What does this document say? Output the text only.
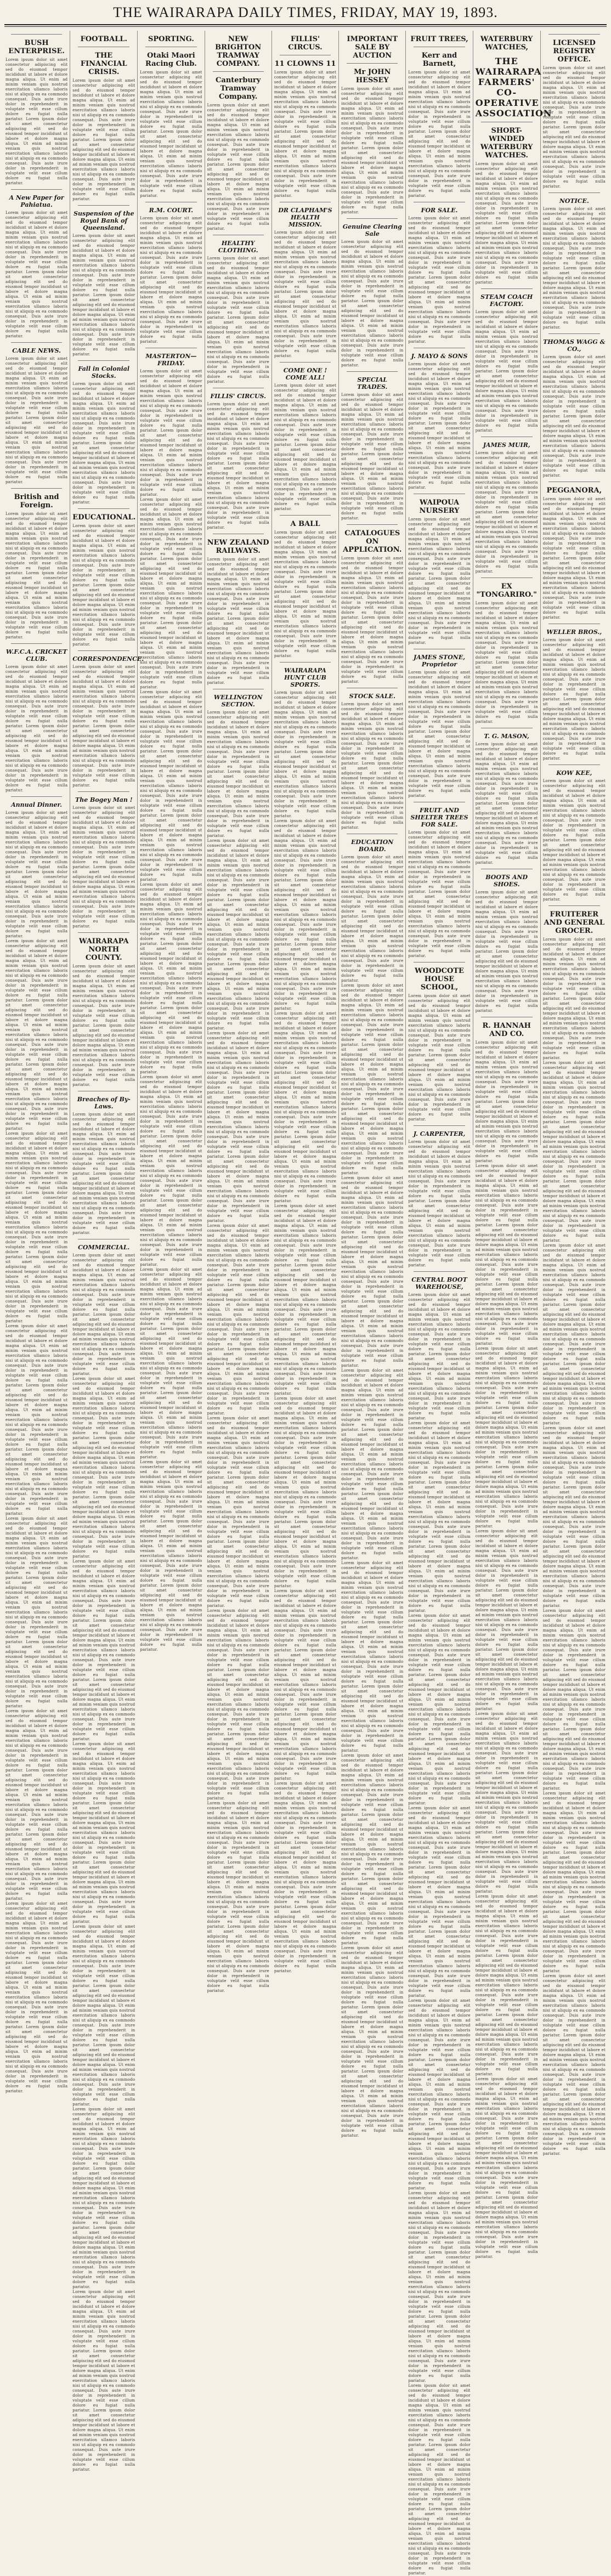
THE WAIRARAPA DAILY TIMES, FRIDAY, MAY 19, 1893.
BUSH ENTERPRISE.
Lorem ipsum dolor sit amet consectetur adipiscing elit sed do eiusmod tempor incididunt ut labore et dolore magna aliqua. Ut enim ad minim veniam quis nostrud exercitation ullamco laboris nisi ut aliquip ex ea commodo consequat. Duis aute irure dolor in reprehenderit in voluptate velit esse cillum dolore eu fugiat nulla pariatur. Lorem ipsum dolor sit amet consectetur adipiscing elit sed do eiusmod tempor incididunt ut labore et dolore magna aliqua. Ut enim ad minim veniam quis nostrud exercitation ullamco laboris nisi ut aliquip ex ea commodo consequat. Duis aute irure dolor in reprehenderit in voluptate velit esse cillum dolore eu fugiat nulla pariatur.
A New Paper for Pahiatua.
Lorem ipsum dolor sit amet consectetur adipiscing elit sed do eiusmod tempor incididunt ut labore et dolore magna aliqua. Ut enim ad minim veniam quis nostrud exercitation ullamco laboris nisi ut aliquip ex ea commodo consequat. Duis aute irure dolor in reprehenderit in voluptate velit esse cillum dolore eu fugiat nulla pariatur. Lorem ipsum dolor sit amet consectetur adipiscing elit sed do eiusmod tempor incididunt ut labore et dolore magna aliqua. Ut enim ad minim veniam quis nostrud exercitation ullamco laboris nisi ut aliquip ex ea commodo consequat. Duis aute irure dolor in reprehenderit in voluptate velit esse cillum dolore eu fugiat nulla pariatur.
CABLE NEWS.
Lorem ipsum dolor sit amet consectetur adipiscing elit sed do eiusmod tempor incididunt ut labore et dolore magna aliqua. Ut enim ad minim veniam quis nostrud exercitation ullamco laboris nisi ut aliquip ex ea commodo consequat. Duis aute irure dolor in reprehenderit in voluptate velit esse cillum dolore eu fugiat nulla pariatur. Lorem ipsum dolor sit amet consectetur adipiscing elit sed do eiusmod tempor incididunt ut labore et dolore magna aliqua. Ut enim ad minim veniam quis nostrud exercitation ullamco laboris nisi ut aliquip ex ea commodo consequat. Duis aute irure dolor in reprehenderit in voluptate velit esse cillum dolore eu fugiat nulla pariatur.
British and Foreign.
Lorem ipsum dolor sit amet consectetur adipiscing elit sed do eiusmod tempor incididunt ut labore et dolore magna aliqua. Ut enim ad minim veniam quis nostrud exercitation ullamco laboris nisi ut aliquip ex ea commodo consequat. Duis aute irure dolor in reprehenderit in voluptate velit esse cillum dolore eu fugiat nulla pariatur. Lorem ipsum dolor sit amet consectetur adipiscing elit sed do eiusmod tempor incididunt ut labore et dolore magna aliqua. Ut enim ad minim veniam quis nostrud exercitation ullamco laboris nisi ut aliquip ex ea commodo consequat. Duis aute irure dolor in reprehenderit in voluptate velit esse cillum dolore eu fugiat nulla pariatur.
W.F.C.A. CRICKET CLUB.
Lorem ipsum dolor sit amet consectetur adipiscing elit sed do eiusmod tempor incididunt ut labore et dolore magna aliqua. Ut enim ad minim veniam quis nostrud exercitation ullamco laboris nisi ut aliquip ex ea commodo consequat. Duis aute irure dolor in reprehenderit in voluptate velit esse cillum dolore eu fugiat nulla pariatur. Lorem ipsum dolor sit amet consectetur adipiscing elit sed do eiusmod tempor incididunt ut labore et dolore magna aliqua. Ut enim ad minim veniam quis nostrud exercitation ullamco laboris nisi ut aliquip ex ea commodo consequat. Duis aute irure dolor in reprehenderit in voluptate velit esse cillum dolore eu fugiat nulla pariatur.
Annual Dinner.
Lorem ipsum dolor sit amet consectetur adipiscing elit sed do eiusmod tempor incididunt ut labore et dolore magna aliqua. Ut enim ad minim veniam quis nostrud exercitation ullamco laboris nisi ut aliquip ex ea commodo consequat. Duis aute irure dolor in reprehenderit in voluptate velit esse cillum dolore eu fugiat nulla pariatur. Lorem ipsum dolor sit amet consectetur adipiscing elit sed do eiusmod tempor incididunt ut labore et dolore magna aliqua. Ut enim ad minim veniam quis nostrud exercitation ullamco laboris nisi ut aliquip ex ea commodo consequat. Duis aute irure dolor in reprehenderit in voluptate velit esse cillum dolore eu fugiat nulla pariatur.
Lorem ipsum dolor sit amet consectetur adipiscing elit sed do eiusmod tempor incididunt ut labore et dolore magna aliqua. Ut enim ad minim veniam quis nostrud exercitation ullamco laboris nisi ut aliquip ex ea commodo consequat. Duis aute irure dolor in reprehenderit in voluptate velit esse cillum dolore eu fugiat nulla pariatur. Lorem ipsum dolor sit amet consectetur adipiscing elit sed do eiusmod tempor incididunt ut labore et dolore magna aliqua. Ut enim ad minim veniam quis nostrud exercitation ullamco laboris nisi ut aliquip ex ea commodo consequat. Duis aute irure dolor in reprehenderit in voluptate velit esse cillum dolore eu fugiat nulla pariatur. Lorem ipsum dolor sit amet consectetur adipiscing elit sed do eiusmod tempor incididunt ut labore et dolore magna aliqua. Ut enim ad minim veniam quis nostrud exercitation ullamco laboris nisi ut aliquip ex ea commodo consequat. Duis aute irure dolor in reprehenderit in voluptate velit esse cillum dolore eu fugiat nulla pariatur.
Lorem ipsum dolor sit amet consectetur adipiscing elit sed do eiusmod tempor incididunt ut labore et dolore magna aliqua. Ut enim ad minim veniam quis nostrud exercitation ullamco laboris nisi ut aliquip ex ea commodo consequat. Duis aute irure dolor in reprehenderit in voluptate velit esse cillum dolore eu fugiat nulla pariatur. Lorem ipsum dolor sit amet consectetur adipiscing elit sed do eiusmod tempor incididunt ut labore et dolore magna aliqua. Ut enim ad minim veniam quis nostrud exercitation ullamco laboris nisi ut aliquip ex ea commodo consequat. Duis aute irure dolor in reprehenderit in voluptate velit esse cillum dolore eu fugiat nulla pariatur. Lorem ipsum dolor sit amet consectetur adipiscing elit sed do eiusmod tempor incididunt ut labore et dolore magna aliqua. Ut enim ad minim veniam quis nostrud exercitation ullamco laboris nisi ut aliquip ex ea commodo consequat. Duis aute irure dolor in reprehenderit in voluptate velit esse cillum dolore eu fugiat nulla pariatur.
Lorem ipsum dolor sit amet consectetur adipiscing elit sed do eiusmod tempor incididunt ut labore et dolore magna aliqua. Ut enim ad minim veniam quis nostrud exercitation ullamco laboris nisi ut aliquip ex ea commodo consequat. Duis aute irure dolor in reprehenderit in voluptate velit esse cillum dolore eu fugiat nulla pariatur. Lorem ipsum dolor sit amet consectetur adipiscing elit sed do eiusmod tempor incididunt ut labore et dolore magna aliqua. Ut enim ad minim veniam quis nostrud exercitation ullamco laboris nisi ut aliquip ex ea commodo consequat. Duis aute irure dolor in reprehenderit in voluptate velit esse cillum dolore eu fugiat nulla pariatur. Lorem ipsum dolor sit amet consectetur adipiscing elit sed do eiusmod tempor incididunt ut labore et dolore magna aliqua. Ut enim ad minim veniam quis nostrud exercitation ullamco laboris nisi ut aliquip ex ea commodo consequat. Duis aute irure dolor in reprehenderit in voluptate velit esse cillum dolore eu fugiat nulla pariatur.
Lorem ipsum dolor sit amet consectetur adipiscing elit sed do eiusmod tempor incididunt ut labore et dolore magna aliqua. Ut enim ad minim veniam quis nostrud exercitation ullamco laboris nisi ut aliquip ex ea commodo consequat. Duis aute irure dolor in reprehenderit in voluptate velit esse cillum dolore eu fugiat nulla pariatur. Lorem ipsum dolor sit amet consectetur adipiscing elit sed do eiusmod tempor incididunt ut labore et dolore magna aliqua. Ut enim ad minim veniam quis nostrud exercitation ullamco laboris nisi ut aliquip ex ea commodo consequat. Duis aute irure dolor in reprehenderit in voluptate velit esse cillum dolore eu fugiat nulla pariatur. Lorem ipsum dolor sit amet consectetur adipiscing elit sed do eiusmod tempor incididunt ut labore et dolore magna aliqua. Ut enim ad minim veniam quis nostrud exercitation ullamco laboris nisi ut aliquip ex ea commodo consequat. Duis aute irure dolor in reprehenderit in voluptate velit esse cillum dolore eu fugiat nulla pariatur.
Lorem ipsum dolor sit amet consectetur adipiscing elit sed do eiusmod tempor incididunt ut labore et dolore magna aliqua. Ut enim ad minim veniam quis nostrud exercitation ullamco laboris nisi ut aliquip ex ea commodo consequat. Duis aute irure dolor in reprehenderit in voluptate velit esse cillum dolore eu fugiat nulla pariatur. Lorem ipsum dolor sit amet consectetur adipiscing elit sed do eiusmod tempor incididunt ut labore et dolore magna aliqua. Ut enim ad minim veniam quis nostrud exercitation ullamco laboris nisi ut aliquip ex ea commodo consequat. Duis aute irure dolor in reprehenderit in voluptate velit esse cillum dolore eu fugiat nulla pariatur. Lorem ipsum dolor sit amet consectetur adipiscing elit sed do eiusmod tempor incididunt ut labore et dolore magna aliqua. Ut enim ad minim veniam quis nostrud exercitation ullamco laboris nisi ut aliquip ex ea commodo consequat. Duis aute irure dolor in reprehenderit in voluptate velit esse cillum dolore eu fugiat nulla pariatur.
Lorem ipsum dolor sit amet consectetur adipiscing elit sed do eiusmod tempor incididunt ut labore et dolore magna aliqua. Ut enim ad minim veniam quis nostrud exercitation ullamco laboris nisi ut aliquip ex ea commodo consequat. Duis aute irure dolor in reprehenderit in voluptate velit esse cillum dolore eu fugiat nulla pariatur. Lorem ipsum dolor sit amet consectetur adipiscing elit sed do eiusmod tempor incididunt ut labore et dolore magna aliqua. Ut enim ad minim veniam quis nostrud exercitation ullamco laboris nisi ut aliquip ex ea commodo consequat. Duis aute irure dolor in reprehenderit in voluptate velit esse cillum dolore eu fugiat nulla pariatur. Lorem ipsum dolor sit amet consectetur adipiscing elit sed do eiusmod tempor incididunt ut labore et dolore magna aliqua. Ut enim ad minim veniam quis nostrud exercitation ullamco laboris nisi ut aliquip ex ea commodo consequat. Duis aute irure dolor in reprehenderit in voluptate velit esse cillum dolore eu fugiat nulla pariatur.
FOOTBALL.
THE FINANCIAL CRISIS.
Lorem ipsum dolor sit amet consectetur adipiscing elit sed do eiusmod tempor incididunt ut labore et dolore magna aliqua. Ut enim ad minim veniam quis nostrud exercitation ullamco laboris nisi ut aliquip ex ea commodo consequat. Duis aute irure dolor in reprehenderit in voluptate velit esse cillum dolore eu fugiat nulla pariatur. Lorem ipsum dolor sit amet consectetur adipiscing elit sed do eiusmod tempor incididunt ut labore et dolore magna aliqua. Ut enim ad minim veniam quis nostrud exercitation ullamco laboris nisi ut aliquip ex ea commodo consequat. Duis aute irure dolor in reprehenderit in voluptate velit esse cillum dolore eu fugiat nulla pariatur.
Suspension of the Royal Bank of Queensland.
Lorem ipsum dolor sit amet consectetur adipiscing elit sed do eiusmod tempor incididunt ut labore et dolore magna aliqua. Ut enim ad minim veniam quis nostrud exercitation ullamco laboris nisi ut aliquip ex ea commodo consequat. Duis aute irure dolor in reprehenderit in voluptate velit esse cillum dolore eu fugiat nulla pariatur. Lorem ipsum dolor sit amet consectetur adipiscing elit sed do eiusmod tempor incididunt ut labore et dolore magna aliqua. Ut enim ad minim veniam quis nostrud exercitation ullamco laboris nisi ut aliquip ex ea commodo consequat. Duis aute irure dolor in reprehenderit in voluptate velit esse cillum dolore eu fugiat nulla pariatur.
Fall in Colonial Stocks.
Lorem ipsum dolor sit amet consectetur adipiscing elit sed do eiusmod tempor incididunt ut labore et dolore magna aliqua. Ut enim ad minim veniam quis nostrud exercitation ullamco laboris nisi ut aliquip ex ea commodo consequat. Duis aute irure dolor in reprehenderit in voluptate velit esse cillum dolore eu fugiat nulla pariatur. Lorem ipsum dolor sit amet consectetur adipiscing elit sed do eiusmod tempor incididunt ut labore et dolore magna aliqua. Ut enim ad minim veniam quis nostrud exercitation ullamco laboris nisi ut aliquip ex ea commodo consequat. Duis aute irure dolor in reprehenderit in voluptate velit esse cillum dolore eu fugiat nulla pariatur.
EDUCATIONAL.
Lorem ipsum dolor sit amet consectetur adipiscing elit sed do eiusmod tempor incididunt ut labore et dolore magna aliqua. Ut enim ad minim veniam quis nostrud exercitation ullamco laboris nisi ut aliquip ex ea commodo consequat. Duis aute irure dolor in reprehenderit in voluptate velit esse cillum dolore eu fugiat nulla pariatur. Lorem ipsum dolor sit amet consectetur adipiscing elit sed do eiusmod tempor incididunt ut labore et dolore magna aliqua. Ut enim ad minim veniam quis nostrud exercitation ullamco laboris nisi ut aliquip ex ea commodo consequat. Duis aute irure dolor in reprehenderit in voluptate velit esse cillum dolore eu fugiat nulla pariatur.
CORRESPONDENCE.
Lorem ipsum dolor sit amet consectetur adipiscing elit sed do eiusmod tempor incididunt ut labore et dolore magna aliqua. Ut enim ad minim veniam quis nostrud exercitation ullamco laboris nisi ut aliquip ex ea commodo consequat. Duis aute irure dolor in reprehenderit in voluptate velit esse cillum dolore eu fugiat nulla pariatur. Lorem ipsum dolor sit amet consectetur adipiscing elit sed do eiusmod tempor incididunt ut labore et dolore magna aliqua. Ut enim ad minim veniam quis nostrud exercitation ullamco laboris nisi ut aliquip ex ea commodo consequat. Duis aute irure dolor in reprehenderit in voluptate velit esse cillum dolore eu fugiat nulla pariatur.
The Bogey Man !
Lorem ipsum dolor sit amet consectetur adipiscing elit sed do eiusmod tempor incididunt ut labore et dolore magna aliqua. Ut enim ad minim veniam quis nostrud exercitation ullamco laboris nisi ut aliquip ex ea commodo consequat. Duis aute irure dolor in reprehenderit in voluptate velit esse cillum dolore eu fugiat nulla pariatur. Lorem ipsum dolor sit amet consectetur adipiscing elit sed do eiusmod tempor incididunt ut labore et dolore magna aliqua. Ut enim ad minim veniam quis nostrud exercitation ullamco laboris nisi ut aliquip ex ea commodo consequat. Duis aute irure dolor in reprehenderit in voluptate velit esse cillum dolore eu fugiat nulla pariatur.
WAIRARAPA NORTH COUNTY.
Lorem ipsum dolor sit amet consectetur adipiscing elit sed do eiusmod tempor incididunt ut labore et dolore magna aliqua. Ut enim ad minim veniam quis nostrud exercitation ullamco laboris nisi ut aliquip ex ea commodo consequat. Duis aute irure dolor in reprehenderit in voluptate velit esse cillum dolore eu fugiat nulla pariatur. Lorem ipsum dolor sit amet consectetur adipiscing elit sed do eiusmod tempor incididunt ut labore et dolore magna aliqua. Ut enim ad minim veniam quis nostrud exercitation ullamco laboris nisi ut aliquip ex ea commodo consequat. Duis aute irure dolor in reprehenderit in voluptate velit esse cillum dolore eu fugiat nulla pariatur.
Breaches of By-Laws.
Lorem ipsum dolor sit amet consectetur adipiscing elit sed do eiusmod tempor incididunt ut labore et dolore magna aliqua. Ut enim ad minim veniam quis nostrud exercitation ullamco laboris nisi ut aliquip ex ea commodo consequat. Duis aute irure dolor in reprehenderit in voluptate velit esse cillum dolore eu fugiat nulla pariatur. Lorem ipsum dolor sit amet consectetur adipiscing elit sed do eiusmod tempor incididunt ut labore et dolore magna aliqua. Ut enim ad minim veniam quis nostrud exercitation ullamco laboris nisi ut aliquip ex ea commodo consequat. Duis aute irure dolor in reprehenderit in voluptate velit esse cillum dolore eu fugiat nulla pariatur.
COMMERCIAL.
Lorem ipsum dolor sit amet consectetur adipiscing elit sed do eiusmod tempor incididunt ut labore et dolore magna aliqua. Ut enim ad minim veniam quis nostrud exercitation ullamco laboris nisi ut aliquip ex ea commodo consequat. Duis aute irure dolor in reprehenderit in voluptate velit esse cillum dolore eu fugiat nulla pariatur. Lorem ipsum dolor sit amet consectetur adipiscing elit sed do eiusmod tempor incididunt ut labore et dolore magna aliqua. Ut enim ad minim veniam quis nostrud exercitation ullamco laboris nisi ut aliquip ex ea commodo consequat. Duis aute irure dolor in reprehenderit in voluptate velit esse cillum dolore eu fugiat nulla pariatur.
Lorem ipsum dolor sit amet consectetur adipiscing elit sed do eiusmod tempor incididunt ut labore et dolore magna aliqua. Ut enim ad minim veniam quis nostrud exercitation ullamco laboris nisi ut aliquip ex ea commodo consequat. Duis aute irure dolor in reprehenderit in voluptate velit esse cillum dolore eu fugiat nulla pariatur. Lorem ipsum dolor sit amet consectetur adipiscing elit sed do eiusmod tempor incididunt ut labore et dolore magna aliqua. Ut enim ad minim veniam quis nostrud exercitation ullamco laboris nisi ut aliquip ex ea commodo consequat. Duis aute irure dolor in reprehenderit in voluptate velit esse cillum dolore eu fugiat nulla pariatur. Lorem ipsum dolor sit amet consectetur adipiscing elit sed do eiusmod tempor incididunt ut labore et dolore magna aliqua. Ut enim ad minim veniam quis nostrud exercitation ullamco laboris nisi ut aliquip ex ea commodo consequat. Duis aute irure dolor in reprehenderit in voluptate velit esse cillum dolore eu fugiat nulla pariatur.
Lorem ipsum dolor sit amet consectetur adipiscing elit sed do eiusmod tempor incididunt ut labore et dolore magna aliqua. Ut enim ad minim veniam quis nostrud exercitation ullamco laboris nisi ut aliquip ex ea commodo consequat. Duis aute irure dolor in reprehenderit in voluptate velit esse cillum dolore eu fugiat nulla pariatur. Lorem ipsum dolor sit amet consectetur adipiscing elit sed do eiusmod tempor incididunt ut labore et dolore magna aliqua. Ut enim ad minim veniam quis nostrud exercitation ullamco laboris nisi ut aliquip ex ea commodo consequat. Duis aute irure dolor in reprehenderit in voluptate velit esse cillum dolore eu fugiat nulla pariatur. Lorem ipsum dolor sit amet consectetur adipiscing elit sed do eiusmod tempor incididunt ut labore et dolore magna aliqua. Ut enim ad minim veniam quis nostrud exercitation ullamco laboris nisi ut aliquip ex ea commodo consequat. Duis aute irure dolor in reprehenderit in voluptate velit esse cillum dolore eu fugiat nulla pariatur.
Lorem ipsum dolor sit amet consectetur adipiscing elit sed do eiusmod tempor incididunt ut labore et dolore magna aliqua. Ut enim ad minim veniam quis nostrud exercitation ullamco laboris nisi ut aliquip ex ea commodo consequat. Duis aute irure dolor in reprehenderit in voluptate velit esse cillum dolore eu fugiat nulla pariatur. Lorem ipsum dolor sit amet consectetur adipiscing elit sed do eiusmod tempor incididunt ut labore et dolore magna aliqua. Ut enim ad minim veniam quis nostrud exercitation ullamco laboris nisi ut aliquip ex ea commodo consequat. Duis aute irure dolor in reprehenderit in voluptate velit esse cillum dolore eu fugiat nulla pariatur. Lorem ipsum dolor sit amet consectetur adipiscing elit sed do eiusmod tempor incididunt ut labore et dolore magna aliqua. Ut enim ad minim veniam quis nostrud exercitation ullamco laboris nisi ut aliquip ex ea commodo consequat. Duis aute irure dolor in reprehenderit in voluptate velit esse cillum dolore eu fugiat nulla pariatur.
Lorem ipsum dolor sit amet consectetur adipiscing elit sed do eiusmod tempor incididunt ut labore et dolore magna aliqua. Ut enim ad minim veniam quis nostrud exercitation ullamco laboris nisi ut aliquip ex ea commodo consequat. Duis aute irure dolor in reprehenderit in voluptate velit esse cillum dolore eu fugiat nulla pariatur. Lorem ipsum dolor sit amet consectetur adipiscing elit sed do eiusmod tempor incididunt ut labore et dolore magna aliqua. Ut enim ad minim veniam quis nostrud exercitation ullamco laboris nisi ut aliquip ex ea commodo consequat. Duis aute irure dolor in reprehenderit in voluptate velit esse cillum dolore eu fugiat nulla pariatur. Lorem ipsum dolor sit amet consectetur adipiscing elit sed do eiusmod tempor incididunt ut labore et dolore magna aliqua. Ut enim ad minim veniam quis nostrud exercitation ullamco laboris nisi ut aliquip ex ea commodo consequat. Duis aute irure dolor in reprehenderit in voluptate velit esse cillum dolore eu fugiat nulla pariatur.
Lorem ipsum dolor sit amet consectetur adipiscing elit sed do eiusmod tempor incididunt ut labore et dolore magna aliqua. Ut enim ad minim veniam quis nostrud exercitation ullamco laboris nisi ut aliquip ex ea commodo consequat. Duis aute irure dolor in reprehenderit in voluptate velit esse cillum dolore eu fugiat nulla pariatur. Lorem ipsum dolor sit amet consectetur adipiscing elit sed do eiusmod tempor incididunt ut labore et dolore magna aliqua. Ut enim ad minim veniam quis nostrud exercitation ullamco laboris nisi ut aliquip ex ea commodo consequat. Duis aute irure dolor in reprehenderit in voluptate velit esse cillum dolore eu fugiat nulla pariatur. Lorem ipsum dolor sit amet consectetur adipiscing elit sed do eiusmod tempor incididunt ut labore et dolore magna aliqua. Ut enim ad minim veniam quis nostrud exercitation ullamco laboris nisi ut aliquip ex ea commodo consequat. Duis aute irure dolor in reprehenderit in voluptate velit esse cillum dolore eu fugiat nulla pariatur.
Lorem ipsum dolor sit amet consectetur adipiscing elit sed do eiusmod tempor incididunt ut labore et dolore magna aliqua. Ut enim ad minim veniam quis nostrud exercitation ullamco laboris nisi ut aliquip ex ea commodo consequat. Duis aute irure dolor in reprehenderit in voluptate velit esse cillum dolore eu fugiat nulla pariatur. Lorem ipsum dolor sit amet consectetur adipiscing elit sed do eiusmod tempor incididunt ut labore et dolore magna aliqua. Ut enim ad minim veniam quis nostrud exercitation ullamco laboris nisi ut aliquip ex ea commodo consequat. Duis aute irure dolor in reprehenderit in voluptate velit esse cillum dolore eu fugiat nulla pariatur. Lorem ipsum dolor sit amet consectetur adipiscing elit sed do eiusmod tempor incididunt ut labore et dolore magna aliqua. Ut enim ad minim veniam quis nostrud exercitation ullamco laboris nisi ut aliquip ex ea commodo consequat. Duis aute irure dolor in reprehenderit in voluptate velit esse cillum dolore eu fugiat nulla pariatur.
SPORTING.
Otaki Maori Racing Club.
Lorem ipsum dolor sit amet consectetur adipiscing elit sed do eiusmod tempor incididunt ut labore et dolore magna aliqua. Ut enim ad minim veniam quis nostrud exercitation ullamco laboris nisi ut aliquip ex ea commodo consequat. Duis aute irure dolor in reprehenderit in voluptate velit esse cillum dolore eu fugiat nulla pariatur. Lorem ipsum dolor sit amet consectetur adipiscing elit sed do eiusmod tempor incididunt ut labore et dolore magna aliqua. Ut enim ad minim veniam quis nostrud exercitation ullamco laboris nisi ut aliquip ex ea commodo consequat. Duis aute irure dolor in reprehenderit in voluptate velit esse cillum dolore eu fugiat nulla pariatur.
R.M. COURT.
Lorem ipsum dolor sit amet consectetur adipiscing elit sed do eiusmod tempor incididunt ut labore et dolore magna aliqua. Ut enim ad minim veniam quis nostrud exercitation ullamco laboris nisi ut aliquip ex ea commodo consequat. Duis aute irure dolor in reprehenderit in voluptate velit esse cillum dolore eu fugiat nulla pariatur. Lorem ipsum dolor sit amet consectetur adipiscing elit sed do eiusmod tempor incididunt ut labore et dolore magna aliqua. Ut enim ad minim veniam quis nostrud exercitation ullamco laboris nisi ut aliquip ex ea commodo consequat. Duis aute irure dolor in reprehenderit in voluptate velit esse cillum dolore eu fugiat nulla pariatur.
MASTERTON—FRIDAY.
Lorem ipsum dolor sit amet consectetur adipiscing elit sed do eiusmod tempor incididunt ut labore et dolore magna aliqua. Ut enim ad minim veniam quis nostrud exercitation ullamco laboris nisi ut aliquip ex ea commodo consequat. Duis aute irure dolor in reprehenderit in voluptate velit esse cillum dolore eu fugiat nulla pariatur. Lorem ipsum dolor sit amet consectetur adipiscing elit sed do eiusmod tempor incididunt ut labore et dolore magna aliqua. Ut enim ad minim veniam quis nostrud exercitation ullamco laboris nisi ut aliquip ex ea commodo consequat. Duis aute irure dolor in reprehenderit in voluptate velit esse cillum dolore eu fugiat nulla pariatur.
Lorem ipsum dolor sit amet consectetur adipiscing elit sed do eiusmod tempor incididunt ut labore et dolore magna aliqua. Ut enim ad minim veniam quis nostrud exercitation ullamco laboris nisi ut aliquip ex ea commodo consequat. Duis aute irure dolor in reprehenderit in voluptate velit esse cillum dolore eu fugiat nulla pariatur. Lorem ipsum dolor sit amet consectetur adipiscing elit sed do eiusmod tempor incididunt ut labore et dolore magna aliqua. Ut enim ad minim veniam quis nostrud exercitation ullamco laboris nisi ut aliquip ex ea commodo consequat. Duis aute irure dolor in reprehenderit in voluptate velit esse cillum dolore eu fugiat nulla pariatur. Lorem ipsum dolor sit amet consectetur adipiscing elit sed do eiusmod tempor incididunt ut labore et dolore magna aliqua. Ut enim ad minim veniam quis nostrud exercitation ullamco laboris nisi ut aliquip ex ea commodo consequat. Duis aute irure dolor in reprehenderit in voluptate velit esse cillum dolore eu fugiat nulla pariatur.
Lorem ipsum dolor sit amet consectetur adipiscing elit sed do eiusmod tempor incididunt ut labore et dolore magna aliqua. Ut enim ad minim veniam quis nostrud exercitation ullamco laboris nisi ut aliquip ex ea commodo consequat. Duis aute irure dolor in reprehenderit in voluptate velit esse cillum dolore eu fugiat nulla pariatur. Lorem ipsum dolor sit amet consectetur adipiscing elit sed do eiusmod tempor incididunt ut labore et dolore magna aliqua. Ut enim ad minim veniam quis nostrud exercitation ullamco laboris nisi ut aliquip ex ea commodo consequat. Duis aute irure dolor in reprehenderit in voluptate velit esse cillum dolore eu fugiat nulla pariatur. Lorem ipsum dolor sit amet consectetur adipiscing elit sed do eiusmod tempor incididunt ut labore et dolore magna aliqua. Ut enim ad minim veniam quis nostrud exercitation ullamco laboris nisi ut aliquip ex ea commodo consequat. Duis aute irure dolor in reprehenderit in voluptate velit esse cillum dolore eu fugiat nulla pariatur.
Lorem ipsum dolor sit amet consectetur adipiscing elit sed do eiusmod tempor incididunt ut labore et dolore magna aliqua. Ut enim ad minim veniam quis nostrud exercitation ullamco laboris nisi ut aliquip ex ea commodo consequat. Duis aute irure dolor in reprehenderit in voluptate velit esse cillum dolore eu fugiat nulla pariatur. Lorem ipsum dolor sit amet consectetur adipiscing elit sed do eiusmod tempor incididunt ut labore et dolore magna aliqua. Ut enim ad minim veniam quis nostrud exercitation ullamco laboris nisi ut aliquip ex ea commodo consequat. Duis aute irure dolor in reprehenderit in voluptate velit esse cillum dolore eu fugiat nulla pariatur. Lorem ipsum dolor sit amet consectetur adipiscing elit sed do eiusmod tempor incididunt ut labore et dolore magna aliqua. Ut enim ad minim veniam quis nostrud exercitation ullamco laboris nisi ut aliquip ex ea commodo consequat. Duis aute irure dolor in reprehenderit in voluptate velit esse cillum dolore eu fugiat nulla pariatur.
Lorem ipsum dolor sit amet consectetur adipiscing elit sed do eiusmod tempor incididunt ut labore et dolore magna aliqua. Ut enim ad minim veniam quis nostrud exercitation ullamco laboris nisi ut aliquip ex ea commodo consequat. Duis aute irure dolor in reprehenderit in voluptate velit esse cillum dolore eu fugiat nulla pariatur. Lorem ipsum dolor sit amet consectetur adipiscing elit sed do eiusmod tempor incididunt ut labore et dolore magna aliqua. Ut enim ad minim veniam quis nostrud exercitation ullamco laboris nisi ut aliquip ex ea commodo consequat. Duis aute irure dolor in reprehenderit in voluptate velit esse cillum dolore eu fugiat nulla pariatur. Lorem ipsum dolor sit amet consectetur adipiscing elit sed do eiusmod tempor incididunt ut labore et dolore magna aliqua. Ut enim ad minim veniam quis nostrud exercitation ullamco laboris nisi ut aliquip ex ea commodo consequat. Duis aute irure dolor in reprehenderit in voluptate velit esse cillum dolore eu fugiat nulla pariatur.
Lorem ipsum dolor sit amet consectetur adipiscing elit sed do eiusmod tempor incididunt ut labore et dolore magna aliqua. Ut enim ad minim veniam quis nostrud exercitation ullamco laboris nisi ut aliquip ex ea commodo consequat. Duis aute irure dolor in reprehenderit in voluptate velit esse cillum dolore eu fugiat nulla pariatur. Lorem ipsum dolor sit amet consectetur adipiscing elit sed do eiusmod tempor incididunt ut labore et dolore magna aliqua. Ut enim ad minim veniam quis nostrud exercitation ullamco laboris nisi ut aliquip ex ea commodo consequat. Duis aute irure dolor in reprehenderit in voluptate velit esse cillum dolore eu fugiat nulla pariatur. Lorem ipsum dolor sit amet consectetur adipiscing elit sed do eiusmod tempor incididunt ut labore et dolore magna aliqua. Ut enim ad minim veniam quis nostrud exercitation ullamco laboris nisi ut aliquip ex ea commodo consequat. Duis aute irure dolor in reprehenderit in voluptate velit esse cillum dolore eu fugiat nulla pariatur.
Lorem ipsum dolor sit amet consectetur adipiscing elit sed do eiusmod tempor incididunt ut labore et dolore magna aliqua. Ut enim ad minim veniam quis nostrud exercitation ullamco laboris nisi ut aliquip ex ea commodo consequat. Duis aute irure dolor in reprehenderit in voluptate velit esse cillum dolore eu fugiat nulla pariatur. Lorem ipsum dolor sit amet consectetur adipiscing elit sed do eiusmod tempor incididunt ut labore et dolore magna aliqua. Ut enim ad minim veniam quis nostrud exercitation ullamco laboris nisi ut aliquip ex ea commodo consequat. Duis aute irure dolor in reprehenderit in voluptate velit esse cillum dolore eu fugiat nulla pariatur. Lorem ipsum dolor sit amet consectetur adipiscing elit sed do eiusmod tempor incididunt ut labore et dolore magna aliqua. Ut enim ad minim veniam quis nostrud exercitation ullamco laboris nisi ut aliquip ex ea commodo consequat. Duis aute irure dolor in reprehenderit in voluptate velit esse cillum dolore eu fugiat nulla pariatur.
NEW BRIGHTON TRAMWAY COMPANY.
Canterbury Tramway Company.
Lorem ipsum dolor sit amet consectetur adipiscing elit sed do eiusmod tempor incididunt ut labore et dolore magna aliqua. Ut enim ad minim veniam quis nostrud exercitation ullamco laboris nisi ut aliquip ex ea commodo consequat. Duis aute irure dolor in reprehenderit in voluptate velit esse cillum dolore eu fugiat nulla pariatur. Lorem ipsum dolor sit amet consectetur adipiscing elit sed do eiusmod tempor incididunt ut labore et dolore magna aliqua. Ut enim ad minim veniam quis nostrud exercitation ullamco laboris nisi ut aliquip ex ea commodo consequat. Duis aute irure dolor in reprehenderit in voluptate velit esse cillum dolore eu fugiat nulla pariatur.
HEALTHY CLOTHING.
Lorem ipsum dolor sit amet consectetur adipiscing elit sed do eiusmod tempor incididunt ut labore et dolore magna aliqua. Ut enim ad minim veniam quis nostrud exercitation ullamco laboris nisi ut aliquip ex ea commodo consequat. Duis aute irure dolor in reprehenderit in voluptate velit esse cillum dolore eu fugiat nulla pariatur. Lorem ipsum dolor sit amet consectetur adipiscing elit sed do eiusmod tempor incididunt ut labore et dolore magna aliqua. Ut enim ad minim veniam quis nostrud exercitation ullamco laboris nisi ut aliquip ex ea commodo consequat. Duis aute irure dolor in reprehenderit in voluptate velit esse cillum dolore eu fugiat nulla pariatur.
FILLIS' CIRCUS.
Lorem ipsum dolor sit amet consectetur adipiscing elit sed do eiusmod tempor incididunt ut labore et dolore magna aliqua. Ut enim ad minim veniam quis nostrud exercitation ullamco laboris nisi ut aliquip ex ea commodo consequat. Duis aute irure dolor in reprehenderit in voluptate velit esse cillum dolore eu fugiat nulla pariatur. Lorem ipsum dolor sit amet consectetur adipiscing elit sed do eiusmod tempor incididunt ut labore et dolore magna aliqua. Ut enim ad minim veniam quis nostrud exercitation ullamco laboris nisi ut aliquip ex ea commodo consequat. Duis aute irure dolor in reprehenderit in voluptate velit esse cillum dolore eu fugiat nulla pariatur.
NEW ZEALAND RAILWAYS.
Lorem ipsum dolor sit amet consectetur adipiscing elit sed do eiusmod tempor incididunt ut labore et dolore magna aliqua. Ut enim ad minim veniam quis nostrud exercitation ullamco laboris nisi ut aliquip ex ea commodo consequat. Duis aute irure dolor in reprehenderit in voluptate velit esse cillum dolore eu fugiat nulla pariatur. Lorem ipsum dolor sit amet consectetur adipiscing elit sed do eiusmod tempor incididunt ut labore et dolore magna aliqua. Ut enim ad minim veniam quis nostrud exercitation ullamco laboris nisi ut aliquip ex ea commodo consequat. Duis aute irure dolor in reprehenderit in voluptate velit esse cillum dolore eu fugiat nulla pariatur.
WELLINGTON SECTION.
Lorem ipsum dolor sit amet consectetur adipiscing elit sed do eiusmod tempor incididunt ut labore et dolore magna aliqua. Ut enim ad minim veniam quis nostrud exercitation ullamco laboris nisi ut aliquip ex ea commodo consequat. Duis aute irure dolor in reprehenderit in voluptate velit esse cillum dolore eu fugiat nulla pariatur. Lorem ipsum dolor sit amet consectetur adipiscing elit sed do eiusmod tempor incididunt ut labore et dolore magna aliqua. Ut enim ad minim veniam quis nostrud exercitation ullamco laboris nisi ut aliquip ex ea commodo consequat. Duis aute irure dolor in reprehenderit in voluptate velit esse cillum dolore eu fugiat nulla pariatur.
Lorem ipsum dolor sit amet consectetur adipiscing elit sed do eiusmod tempor incididunt ut labore et dolore magna aliqua. Ut enim ad minim veniam quis nostrud exercitation ullamco laboris nisi ut aliquip ex ea commodo consequat. Duis aute irure dolor in reprehenderit in voluptate velit esse cillum dolore eu fugiat nulla pariatur. Lorem ipsum dolor sit amet consectetur adipiscing elit sed do eiusmod tempor incididunt ut labore et dolore magna aliqua. Ut enim ad minim veniam quis nostrud exercitation ullamco laboris nisi ut aliquip ex ea commodo consequat. Duis aute irure dolor in reprehenderit in voluptate velit esse cillum dolore eu fugiat nulla pariatur. Lorem ipsum dolor sit amet consectetur adipiscing elit sed do eiusmod tempor incididunt ut labore et dolore magna aliqua. Ut enim ad minim veniam quis nostrud exercitation ullamco laboris nisi ut aliquip ex ea commodo consequat. Duis aute irure dolor in reprehenderit in voluptate velit esse cillum dolore eu fugiat nulla pariatur.
Lorem ipsum dolor sit amet consectetur adipiscing elit sed do eiusmod tempor incididunt ut labore et dolore magna aliqua. Ut enim ad minim veniam quis nostrud exercitation ullamco laboris nisi ut aliquip ex ea commodo consequat. Duis aute irure dolor in reprehenderit in voluptate velit esse cillum dolore eu fugiat nulla pariatur. Lorem ipsum dolor sit amet consectetur adipiscing elit sed do eiusmod tempor incididunt ut labore et dolore magna aliqua. Ut enim ad minim veniam quis nostrud exercitation ullamco laboris nisi ut aliquip ex ea commodo consequat. Duis aute irure dolor in reprehenderit in voluptate velit esse cillum dolore eu fugiat nulla pariatur. Lorem ipsum dolor sit amet consectetur adipiscing elit sed do eiusmod tempor incididunt ut labore et dolore magna aliqua. Ut enim ad minim veniam quis nostrud exercitation ullamco laboris nisi ut aliquip ex ea commodo consequat. Duis aute irure dolor in reprehenderit in voluptate velit esse cillum dolore eu fugiat nulla pariatur.
Lorem ipsum dolor sit amet consectetur adipiscing elit sed do eiusmod tempor incididunt ut labore et dolore magna aliqua. Ut enim ad minim veniam quis nostrud exercitation ullamco laboris nisi ut aliquip ex ea commodo consequat. Duis aute irure dolor in reprehenderit in voluptate velit esse cillum dolore eu fugiat nulla pariatur. Lorem ipsum dolor sit amet consectetur adipiscing elit sed do eiusmod tempor incididunt ut labore et dolore magna aliqua. Ut enim ad minim veniam quis nostrud exercitation ullamco laboris nisi ut aliquip ex ea commodo consequat. Duis aute irure dolor in reprehenderit in voluptate velit esse cillum dolore eu fugiat nulla pariatur. Lorem ipsum dolor sit amet consectetur adipiscing elit sed do eiusmod tempor incididunt ut labore et dolore magna aliqua. Ut enim ad minim veniam quis nostrud exercitation ullamco laboris nisi ut aliquip ex ea commodo consequat. Duis aute irure dolor in reprehenderit in voluptate velit esse cillum dolore eu fugiat nulla pariatur.
Lorem ipsum dolor sit amet consectetur adipiscing elit sed do eiusmod tempor incididunt ut labore et dolore magna aliqua. Ut enim ad minim veniam quis nostrud exercitation ullamco laboris nisi ut aliquip ex ea commodo consequat. Duis aute irure dolor in reprehenderit in voluptate velit esse cillum dolore eu fugiat nulla pariatur. Lorem ipsum dolor sit amet consectetur adipiscing elit sed do eiusmod tempor incididunt ut labore et dolore magna aliqua. Ut enim ad minim veniam quis nostrud exercitation ullamco laboris nisi ut aliquip ex ea commodo consequat. Duis aute irure dolor in reprehenderit in voluptate velit esse cillum dolore eu fugiat nulla pariatur. Lorem ipsum dolor sit amet consectetur adipiscing elit sed do eiusmod tempor incididunt ut labore et dolore magna aliqua. Ut enim ad minim veniam quis nostrud exercitation ullamco laboris nisi ut aliquip ex ea commodo consequat. Duis aute irure dolor in reprehenderit in voluptate velit esse cillum dolore eu fugiat nulla pariatur.
Lorem ipsum dolor sit amet consectetur adipiscing elit sed do eiusmod tempor incididunt ut labore et dolore magna aliqua. Ut enim ad minim veniam quis nostrud exercitation ullamco laboris nisi ut aliquip ex ea commodo consequat. Duis aute irure dolor in reprehenderit in voluptate velit esse cillum dolore eu fugiat nulla pariatur. Lorem ipsum dolor sit amet consectetur adipiscing elit sed do eiusmod tempor incididunt ut labore et dolore magna aliqua. Ut enim ad minim veniam quis nostrud exercitation ullamco laboris nisi ut aliquip ex ea commodo consequat. Duis aute irure dolor in reprehenderit in voluptate velit esse cillum dolore eu fugiat nulla pariatur. Lorem ipsum dolor sit amet consectetur adipiscing elit sed do eiusmod tempor incididunt ut labore et dolore magna aliqua. Ut enim ad minim veniam quis nostrud exercitation ullamco laboris nisi ut aliquip ex ea commodo consequat. Duis aute irure dolor in reprehenderit in voluptate velit esse cillum dolore eu fugiat nulla pariatur.
Lorem ipsum dolor sit amet consectetur adipiscing elit sed do eiusmod tempor incididunt ut labore et dolore magna aliqua. Ut enim ad minim veniam quis nostrud exercitation ullamco laboris nisi ut aliquip ex ea commodo consequat. Duis aute irure dolor in reprehenderit in voluptate velit esse cillum dolore eu fugiat nulla pariatur. Lorem ipsum dolor sit amet consectetur adipiscing elit sed do eiusmod tempor incididunt ut labore et dolore magna aliqua. Ut enim ad minim veniam quis nostrud exercitation ullamco laboris nisi ut aliquip ex ea commodo consequat. Duis aute irure dolor in reprehenderit in voluptate velit esse cillum dolore eu fugiat nulla pariatur. Lorem ipsum dolor sit amet consectetur adipiscing elit sed do eiusmod tempor incididunt ut labore et dolore magna aliqua. Ut enim ad minim veniam quis nostrud exercitation ullamco laboris nisi ut aliquip ex ea commodo consequat. Duis aute irure dolor in reprehenderit in voluptate velit esse cillum dolore eu fugiat nulla pariatur.
FILLIS' CIRCUS.
11 CLOWNS 11
Lorem ipsum dolor sit amet consectetur adipiscing elit sed do eiusmod tempor incididunt ut labore et dolore magna aliqua. Ut enim ad minim veniam quis nostrud exercitation ullamco laboris nisi ut aliquip ex ea commodo consequat. Duis aute irure dolor in reprehenderit in voluptate velit esse cillum dolore eu fugiat nulla pariatur. Lorem ipsum dolor sit amet consectetur adipiscing elit sed do eiusmod tempor incididunt ut labore et dolore magna aliqua. Ut enim ad minim veniam quis nostrud exercitation ullamco laboris nisi ut aliquip ex ea commodo consequat. Duis aute irure dolor in reprehenderit in voluptate velit esse cillum dolore eu fugiat nulla pariatur.
DR CLAPHAM'S HEALTH MISSION.
Lorem ipsum dolor sit amet consectetur adipiscing elit sed do eiusmod tempor incididunt ut labore et dolore magna aliqua. Ut enim ad minim veniam quis nostrud exercitation ullamco laboris nisi ut aliquip ex ea commodo consequat. Duis aute irure dolor in reprehenderit in voluptate velit esse cillum dolore eu fugiat nulla pariatur. Lorem ipsum dolor sit amet consectetur adipiscing elit sed do eiusmod tempor incididunt ut labore et dolore magna aliqua. Ut enim ad minim veniam quis nostrud exercitation ullamco laboris nisi ut aliquip ex ea commodo consequat. Duis aute irure dolor in reprehenderit in voluptate velit esse cillum dolore eu fugiat nulla pariatur.
COME ONE ! COME ALL!
Lorem ipsum dolor sit amet consectetur adipiscing elit sed do eiusmod tempor incididunt ut labore et dolore magna aliqua. Ut enim ad minim veniam quis nostrud exercitation ullamco laboris nisi ut aliquip ex ea commodo consequat. Duis aute irure dolor in reprehenderit in voluptate velit esse cillum dolore eu fugiat nulla pariatur. Lorem ipsum dolor sit amet consectetur adipiscing elit sed do eiusmod tempor incididunt ut labore et dolore magna aliqua. Ut enim ad minim veniam quis nostrud exercitation ullamco laboris nisi ut aliquip ex ea commodo consequat. Duis aute irure dolor in reprehenderit in voluptate velit esse cillum dolore eu fugiat nulla pariatur.
A BALL
Lorem ipsum dolor sit amet consectetur adipiscing elit sed do eiusmod tempor incididunt ut labore et dolore magna aliqua. Ut enim ad minim veniam quis nostrud exercitation ullamco laboris nisi ut aliquip ex ea commodo consequat. Duis aute irure dolor in reprehenderit in voluptate velit esse cillum dolore eu fugiat nulla pariatur. Lorem ipsum dolor sit amet consectetur adipiscing elit sed do eiusmod tempor incididunt ut labore et dolore magna aliqua. Ut enim ad minim veniam quis nostrud exercitation ullamco laboris nisi ut aliquip ex ea commodo consequat. Duis aute irure dolor in reprehenderit in voluptate velit esse cillum dolore eu fugiat nulla pariatur.
WAIRARAPA HUNT CLUB SPORTS.
Lorem ipsum dolor sit amet consectetur adipiscing elit sed do eiusmod tempor incididunt ut labore et dolore magna aliqua. Ut enim ad minim veniam quis nostrud exercitation ullamco laboris nisi ut aliquip ex ea commodo consequat. Duis aute irure dolor in reprehenderit in voluptate velit esse cillum dolore eu fugiat nulla pariatur. Lorem ipsum dolor sit amet consectetur adipiscing elit sed do eiusmod tempor incididunt ut labore et dolore magna aliqua. Ut enim ad minim veniam quis nostrud exercitation ullamco laboris nisi ut aliquip ex ea commodo consequat. Duis aute irure dolor in reprehenderit in voluptate velit esse cillum dolore eu fugiat nulla pariatur.
Lorem ipsum dolor sit amet consectetur adipiscing elit sed do eiusmod tempor incididunt ut labore et dolore magna aliqua. Ut enim ad minim veniam quis nostrud exercitation ullamco laboris nisi ut aliquip ex ea commodo consequat. Duis aute irure dolor in reprehenderit in voluptate velit esse cillum dolore eu fugiat nulla pariatur. Lorem ipsum dolor sit amet consectetur adipiscing elit sed do eiusmod tempor incididunt ut labore et dolore magna aliqua. Ut enim ad minim veniam quis nostrud exercitation ullamco laboris nisi ut aliquip ex ea commodo consequat. Duis aute irure dolor in reprehenderit in voluptate velit esse cillum dolore eu fugiat nulla pariatur. Lorem ipsum dolor sit amet consectetur adipiscing elit sed do eiusmod tempor incididunt ut labore et dolore magna aliqua. Ut enim ad minim veniam quis nostrud exercitation ullamco laboris nisi ut aliquip ex ea commodo consequat. Duis aute irure dolor in reprehenderit in voluptate velit esse cillum dolore eu fugiat nulla pariatur.
Lorem ipsum dolor sit amet consectetur adipiscing elit sed do eiusmod tempor incididunt ut labore et dolore magna aliqua. Ut enim ad minim veniam quis nostrud exercitation ullamco laboris nisi ut aliquip ex ea commodo consequat. Duis aute irure dolor in reprehenderit in voluptate velit esse cillum dolore eu fugiat nulla pariatur. Lorem ipsum dolor sit amet consectetur adipiscing elit sed do eiusmod tempor incididunt ut labore et dolore magna aliqua. Ut enim ad minim veniam quis nostrud exercitation ullamco laboris nisi ut aliquip ex ea commodo consequat. Duis aute irure dolor in reprehenderit in voluptate velit esse cillum dolore eu fugiat nulla pariatur. Lorem ipsum dolor sit amet consectetur adipiscing elit sed do eiusmod tempor incididunt ut labore et dolore magna aliqua. Ut enim ad minim veniam quis nostrud exercitation ullamco laboris nisi ut aliquip ex ea commodo consequat. Duis aute irure dolor in reprehenderit in voluptate velit esse cillum dolore eu fugiat nulla pariatur.
Lorem ipsum dolor sit amet consectetur adipiscing elit sed do eiusmod tempor incididunt ut labore et dolore magna aliqua. Ut enim ad minim veniam quis nostrud exercitation ullamco laboris nisi ut aliquip ex ea commodo consequat. Duis aute irure dolor in reprehenderit in voluptate velit esse cillum dolore eu fugiat nulla pariatur. Lorem ipsum dolor sit amet consectetur adipiscing elit sed do eiusmod tempor incididunt ut labore et dolore magna aliqua. Ut enim ad minim veniam quis nostrud exercitation ullamco laboris nisi ut aliquip ex ea commodo consequat. Duis aute irure dolor in reprehenderit in voluptate velit esse cillum dolore eu fugiat nulla pariatur. Lorem ipsum dolor sit amet consectetur adipiscing elit sed do eiusmod tempor incididunt ut labore et dolore magna aliqua. Ut enim ad minim veniam quis nostrud exercitation ullamco laboris nisi ut aliquip ex ea commodo consequat. Duis aute irure dolor in reprehenderit in voluptate velit esse cillum dolore eu fugiat nulla pariatur.
Lorem ipsum dolor sit amet consectetur adipiscing elit sed do eiusmod tempor incididunt ut labore et dolore magna aliqua. Ut enim ad minim veniam quis nostrud exercitation ullamco laboris nisi ut aliquip ex ea commodo consequat. Duis aute irure dolor in reprehenderit in voluptate velit esse cillum dolore eu fugiat nulla pariatur. Lorem ipsum dolor sit amet consectetur adipiscing elit sed do eiusmod tempor incididunt ut labore et dolore magna aliqua. Ut enim ad minim veniam quis nostrud exercitation ullamco laboris nisi ut aliquip ex ea commodo consequat. Duis aute irure dolor in reprehenderit in voluptate velit esse cillum dolore eu fugiat nulla pariatur. Lorem ipsum dolor sit amet consectetur adipiscing elit sed do eiusmod tempor incididunt ut labore et dolore magna aliqua. Ut enim ad minim veniam quis nostrud exercitation ullamco laboris nisi ut aliquip ex ea commodo consequat. Duis aute irure dolor in reprehenderit in voluptate velit esse cillum dolore eu fugiat nulla pariatur.
Lorem ipsum dolor sit amet consectetur adipiscing elit sed do eiusmod tempor incididunt ut labore et dolore magna aliqua. Ut enim ad minim veniam quis nostrud exercitation ullamco laboris nisi ut aliquip ex ea commodo consequat. Duis aute irure dolor in reprehenderit in voluptate velit esse cillum dolore eu fugiat nulla pariatur. Lorem ipsum dolor sit amet consectetur adipiscing elit sed do eiusmod tempor incididunt ut labore et dolore magna aliqua. Ut enim ad minim veniam quis nostrud exercitation ullamco laboris nisi ut aliquip ex ea commodo consequat. Duis aute irure dolor in reprehenderit in voluptate velit esse cillum dolore eu fugiat nulla pariatur. Lorem ipsum dolor sit amet consectetur adipiscing elit sed do eiusmod tempor incididunt ut labore et dolore magna aliqua. Ut enim ad minim veniam quis nostrud exercitation ullamco laboris nisi ut aliquip ex ea commodo consequat. Duis aute irure dolor in reprehenderit in voluptate velit esse cillum dolore eu fugiat nulla pariatur.
Lorem ipsum dolor sit amet consectetur adipiscing elit sed do eiusmod tempor incididunt ut labore et dolore magna aliqua. Ut enim ad minim veniam quis nostrud exercitation ullamco laboris nisi ut aliquip ex ea commodo consequat. Duis aute irure dolor in reprehenderit in voluptate velit esse cillum dolore eu fugiat nulla pariatur. Lorem ipsum dolor sit amet consectetur adipiscing elit sed do eiusmod tempor incididunt ut labore et dolore magna aliqua. Ut enim ad minim veniam quis nostrud exercitation ullamco laboris nisi ut aliquip ex ea commodo consequat. Duis aute irure dolor in reprehenderit in voluptate velit esse cillum dolore eu fugiat nulla pariatur. Lorem ipsum dolor sit amet consectetur adipiscing elit sed do eiusmod tempor incididunt ut labore et dolore magna aliqua. Ut enim ad minim veniam quis nostrud exercitation ullamco laboris nisi ut aliquip ex ea commodo consequat. Duis aute irure dolor in reprehenderit in voluptate velit esse cillum dolore eu fugiat nulla pariatur.
IMPORTANT SALE BY AUCTION
Mr JOHN HESSEY
Lorem ipsum dolor sit amet consectetur adipiscing elit sed do eiusmod tempor incididunt ut labore et dolore magna aliqua. Ut enim ad minim veniam quis nostrud exercitation ullamco laboris nisi ut aliquip ex ea commodo consequat. Duis aute irure dolor in reprehenderit in voluptate velit esse cillum dolore eu fugiat nulla pariatur. Lorem ipsum dolor sit amet consectetur adipiscing elit sed do eiusmod tempor incididunt ut labore et dolore magna aliqua. Ut enim ad minim veniam quis nostrud exercitation ullamco laboris nisi ut aliquip ex ea commodo consequat. Duis aute irure dolor in reprehenderit in voluptate velit esse cillum dolore eu fugiat nulla pariatur.
Genuine Clearing Sale
Lorem ipsum dolor sit amet consectetur adipiscing elit sed do eiusmod tempor incididunt ut labore et dolore magna aliqua. Ut enim ad minim veniam quis nostrud exercitation ullamco laboris nisi ut aliquip ex ea commodo consequat. Duis aute irure dolor in reprehenderit in voluptate velit esse cillum dolore eu fugiat nulla pariatur. Lorem ipsum dolor sit amet consectetur adipiscing elit sed do eiusmod tempor incididunt ut labore et dolore magna aliqua. Ut enim ad minim veniam quis nostrud exercitation ullamco laboris nisi ut aliquip ex ea commodo consequat. Duis aute irure dolor in reprehenderit in voluptate velit esse cillum dolore eu fugiat nulla pariatur.
SPECIAL TRADES.
Lorem ipsum dolor sit amet consectetur adipiscing elit sed do eiusmod tempor incididunt ut labore et dolore magna aliqua. Ut enim ad minim veniam quis nostrud exercitation ullamco laboris nisi ut aliquip ex ea commodo consequat. Duis aute irure dolor in reprehenderit in voluptate velit esse cillum dolore eu fugiat nulla pariatur. Lorem ipsum dolor sit amet consectetur adipiscing elit sed do eiusmod tempor incididunt ut labore et dolore magna aliqua. Ut enim ad minim veniam quis nostrud exercitation ullamco laboris nisi ut aliquip ex ea commodo consequat. Duis aute irure dolor in reprehenderit in voluptate velit esse cillum dolore eu fugiat nulla pariatur.
CATALOGUES ON APPLICATION.
Lorem ipsum dolor sit amet consectetur adipiscing elit sed do eiusmod tempor incididunt ut labore et dolore magna aliqua. Ut enim ad minim veniam quis nostrud exercitation ullamco laboris nisi ut aliquip ex ea commodo consequat. Duis aute irure dolor in reprehenderit in voluptate velit esse cillum dolore eu fugiat nulla pariatur. Lorem ipsum dolor sit amet consectetur adipiscing elit sed do eiusmod tempor incididunt ut labore et dolore magna aliqua. Ut enim ad minim veniam quis nostrud exercitation ullamco laboris nisi ut aliquip ex ea commodo consequat. Duis aute irure dolor in reprehenderit in voluptate velit esse cillum dolore eu fugiat nulla pariatur.
STOCK SALE.
Lorem ipsum dolor sit amet consectetur adipiscing elit sed do eiusmod tempor incididunt ut labore et dolore magna aliqua. Ut enim ad minim veniam quis nostrud exercitation ullamco laboris nisi ut aliquip ex ea commodo consequat. Duis aute irure dolor in reprehenderit in voluptate velit esse cillum dolore eu fugiat nulla pariatur. Lorem ipsum dolor sit amet consectetur adipiscing elit sed do eiusmod tempor incididunt ut labore et dolore magna aliqua. Ut enim ad minim veniam quis nostrud exercitation ullamco laboris nisi ut aliquip ex ea commodo consequat. Duis aute irure dolor in reprehenderit in voluptate velit esse cillum dolore eu fugiat nulla pariatur.
EDUCATION BOARD.
Lorem ipsum dolor sit amet consectetur adipiscing elit sed do eiusmod tempor incididunt ut labore et dolore magna aliqua. Ut enim ad minim veniam quis nostrud exercitation ullamco laboris nisi ut aliquip ex ea commodo consequat. Duis aute irure dolor in reprehenderit in voluptate velit esse cillum dolore eu fugiat nulla pariatur. Lorem ipsum dolor sit amet consectetur adipiscing elit sed do eiusmod tempor incididunt ut labore et dolore magna aliqua. Ut enim ad minim veniam quis nostrud exercitation ullamco laboris nisi ut aliquip ex ea commodo consequat. Duis aute irure dolor in reprehenderit in voluptate velit esse cillum dolore eu fugiat nulla pariatur.
Lorem ipsum dolor sit amet consectetur adipiscing elit sed do eiusmod tempor incididunt ut labore et dolore magna aliqua. Ut enim ad minim veniam quis nostrud exercitation ullamco laboris nisi ut aliquip ex ea commodo consequat. Duis aute irure dolor in reprehenderit in voluptate velit esse cillum dolore eu fugiat nulla pariatur. Lorem ipsum dolor sit amet consectetur adipiscing elit sed do eiusmod tempor incididunt ut labore et dolore magna aliqua. Ut enim ad minim veniam quis nostrud exercitation ullamco laboris nisi ut aliquip ex ea commodo consequat. Duis aute irure dolor in reprehenderit in voluptate velit esse cillum dolore eu fugiat nulla pariatur. Lorem ipsum dolor sit amet consectetur adipiscing elit sed do eiusmod tempor incididunt ut labore et dolore magna aliqua. Ut enim ad minim veniam quis nostrud exercitation ullamco laboris nisi ut aliquip ex ea commodo consequat. Duis aute irure dolor in reprehenderit in voluptate velit esse cillum dolore eu fugiat nulla pariatur.
Lorem ipsum dolor sit amet consectetur adipiscing elit sed do eiusmod tempor incididunt ut labore et dolore magna aliqua. Ut enim ad minim veniam quis nostrud exercitation ullamco laboris nisi ut aliquip ex ea commodo consequat. Duis aute irure dolor in reprehenderit in voluptate velit esse cillum dolore eu fugiat nulla pariatur. Lorem ipsum dolor sit amet consectetur adipiscing elit sed do eiusmod tempor incididunt ut labore et dolore magna aliqua. Ut enim ad minim veniam quis nostrud exercitation ullamco laboris nisi ut aliquip ex ea commodo consequat. Duis aute irure dolor in reprehenderit in voluptate velit esse cillum dolore eu fugiat nulla pariatur. Lorem ipsum dolor sit amet consectetur adipiscing elit sed do eiusmod tempor incididunt ut labore et dolore magna aliqua. Ut enim ad minim veniam quis nostrud exercitation ullamco laboris nisi ut aliquip ex ea commodo consequat. Duis aute irure dolor in reprehenderit in voluptate velit esse cillum dolore eu fugiat nulla pariatur.
Lorem ipsum dolor sit amet consectetur adipiscing elit sed do eiusmod tempor incididunt ut labore et dolore magna aliqua. Ut enim ad minim veniam quis nostrud exercitation ullamco laboris nisi ut aliquip ex ea commodo consequat. Duis aute irure dolor in reprehenderit in voluptate velit esse cillum dolore eu fugiat nulla pariatur. Lorem ipsum dolor sit amet consectetur adipiscing elit sed do eiusmod tempor incididunt ut labore et dolore magna aliqua. Ut enim ad minim veniam quis nostrud exercitation ullamco laboris nisi ut aliquip ex ea commodo consequat. Duis aute irure dolor in reprehenderit in voluptate velit esse cillum dolore eu fugiat nulla pariatur. Lorem ipsum dolor sit amet consectetur adipiscing elit sed do eiusmod tempor incididunt ut labore et dolore magna aliqua. Ut enim ad minim veniam quis nostrud exercitation ullamco laboris nisi ut aliquip ex ea commodo consequat. Duis aute irure dolor in reprehenderit in voluptate velit esse cillum dolore eu fugiat nulla pariatur.
Lorem ipsum dolor sit amet consectetur adipiscing elit sed do eiusmod tempor incididunt ut labore et dolore magna aliqua. Ut enim ad minim veniam quis nostrud exercitation ullamco laboris nisi ut aliquip ex ea commodo consequat. Duis aute irure dolor in reprehenderit in voluptate velit esse cillum dolore eu fugiat nulla pariatur. Lorem ipsum dolor sit amet consectetur adipiscing elit sed do eiusmod tempor incididunt ut labore et dolore magna aliqua. Ut enim ad minim veniam quis nostrud exercitation ullamco laboris nisi ut aliquip ex ea commodo consequat. Duis aute irure dolor in reprehenderit in voluptate velit esse cillum dolore eu fugiat nulla pariatur. Lorem ipsum dolor sit amet consectetur adipiscing elit sed do eiusmod tempor incididunt ut labore et dolore magna aliqua. Ut enim ad minim veniam quis nostrud exercitation ullamco laboris nisi ut aliquip ex ea commodo consequat. Duis aute irure dolor in reprehenderit in voluptate velit esse cillum dolore eu fugiat nulla pariatur.
Lorem ipsum dolor sit amet consectetur adipiscing elit sed do eiusmod tempor incididunt ut labore et dolore magna aliqua. Ut enim ad minim veniam quis nostrud exercitation ullamco laboris nisi ut aliquip ex ea commodo consequat. Duis aute irure dolor in reprehenderit in voluptate velit esse cillum dolore eu fugiat nulla pariatur. Lorem ipsum dolor sit amet consectetur adipiscing elit sed do eiusmod tempor incididunt ut labore et dolore magna aliqua. Ut enim ad minim veniam quis nostrud exercitation ullamco laboris nisi ut aliquip ex ea commodo consequat. Duis aute irure dolor in reprehenderit in voluptate velit esse cillum dolore eu fugiat nulla pariatur. Lorem ipsum dolor sit amet consectetur adipiscing elit sed do eiusmod tempor incididunt ut labore et dolore magna aliqua. Ut enim ad minim veniam quis nostrud exercitation ullamco laboris nisi ut aliquip ex ea commodo consequat. Duis aute irure dolor in reprehenderit in voluptate velit esse cillum dolore eu fugiat nulla pariatur.
Lorem ipsum dolor sit amet consectetur adipiscing elit sed do eiusmod tempor incididunt ut labore et dolore magna aliqua. Ut enim ad minim veniam quis nostrud exercitation ullamco laboris nisi ut aliquip ex ea commodo consequat. Duis aute irure dolor in reprehenderit in voluptate velit esse cillum dolore eu fugiat nulla pariatur. Lorem ipsum dolor sit amet consectetur adipiscing elit sed do eiusmod tempor incididunt ut labore et dolore magna aliqua. Ut enim ad minim veniam quis nostrud exercitation ullamco laboris nisi ut aliquip ex ea commodo consequat. Duis aute irure dolor in reprehenderit in voluptate velit esse cillum dolore eu fugiat nulla pariatur. Lorem ipsum dolor sit amet consectetur adipiscing elit sed do eiusmod tempor incididunt ut labore et dolore magna aliqua. Ut enim ad minim veniam quis nostrud exercitation ullamco laboris nisi ut aliquip ex ea commodo consequat. Duis aute irure dolor in reprehenderit in voluptate velit esse cillum dolore eu fugiat nulla pariatur.
FRUIT TREES,
Kerr and Barnett,
Lorem ipsum dolor sit amet consectetur adipiscing elit sed do eiusmod tempor incididunt ut labore et dolore magna aliqua. Ut enim ad minim veniam quis nostrud exercitation ullamco laboris nisi ut aliquip ex ea commodo consequat. Duis aute irure dolor in reprehenderit in voluptate velit esse cillum dolore eu fugiat nulla pariatur. Lorem ipsum dolor sit amet consectetur adipiscing elit sed do eiusmod tempor incididunt ut labore et dolore magna aliqua. Ut enim ad minim veniam quis nostrud exercitation ullamco laboris nisi ut aliquip ex ea commodo consequat. Duis aute irure dolor in reprehenderit in voluptate velit esse cillum dolore eu fugiat nulla pariatur.
FOR SALE.
Lorem ipsum dolor sit amet consectetur adipiscing elit sed do eiusmod tempor incididunt ut labore et dolore magna aliqua. Ut enim ad minim veniam quis nostrud exercitation ullamco laboris nisi ut aliquip ex ea commodo consequat. Duis aute irure dolor in reprehenderit in voluptate velit esse cillum dolore eu fugiat nulla pariatur. Lorem ipsum dolor sit amet consectetur adipiscing elit sed do eiusmod tempor incididunt ut labore et dolore magna aliqua. Ut enim ad minim veniam quis nostrud exercitation ullamco laboris nisi ut aliquip ex ea commodo consequat. Duis aute irure dolor in reprehenderit in voluptate velit esse cillum dolore eu fugiat nulla pariatur.
J. MAYO & SONS
Lorem ipsum dolor sit amet consectetur adipiscing elit sed do eiusmod tempor incididunt ut labore et dolore magna aliqua. Ut enim ad minim veniam quis nostrud exercitation ullamco laboris nisi ut aliquip ex ea commodo consequat. Duis aute irure dolor in reprehenderit in voluptate velit esse cillum dolore eu fugiat nulla pariatur. Lorem ipsum dolor sit amet consectetur adipiscing elit sed do eiusmod tempor incididunt ut labore et dolore magna aliqua. Ut enim ad minim veniam quis nostrud exercitation ullamco laboris nisi ut aliquip ex ea commodo consequat. Duis aute irure dolor in reprehenderit in voluptate velit esse cillum dolore eu fugiat nulla pariatur.
WAIPOUA NURSERY
Lorem ipsum dolor sit amet consectetur adipiscing elit sed do eiusmod tempor incididunt ut labore et dolore magna aliqua. Ut enim ad minim veniam quis nostrud exercitation ullamco laboris nisi ut aliquip ex ea commodo consequat. Duis aute irure dolor in reprehenderit in voluptate velit esse cillum dolore eu fugiat nulla pariatur. Lorem ipsum dolor sit amet consectetur adipiscing elit sed do eiusmod tempor incididunt ut labore et dolore magna aliqua. Ut enim ad minim veniam quis nostrud exercitation ullamco laboris nisi ut aliquip ex ea commodo consequat. Duis aute irure dolor in reprehenderit in voluptate velit esse cillum dolore eu fugiat nulla pariatur.
JAMES STONE, Proprietor
Lorem ipsum dolor sit amet consectetur adipiscing elit sed do eiusmod tempor incididunt ut labore et dolore magna aliqua. Ut enim ad minim veniam quis nostrud exercitation ullamco laboris nisi ut aliquip ex ea commodo consequat. Duis aute irure dolor in reprehenderit in voluptate velit esse cillum dolore eu fugiat nulla pariatur. Lorem ipsum dolor sit amet consectetur adipiscing elit sed do eiusmod tempor incididunt ut labore et dolore magna aliqua. Ut enim ad minim veniam quis nostrud exercitation ullamco laboris nisi ut aliquip ex ea commodo consequat. Duis aute irure dolor in reprehenderit in voluptate velit esse cillum dolore eu fugiat nulla pariatur.
FRUIT AND SHELTER TREES FOR SALE.
Lorem ipsum dolor sit amet consectetur adipiscing elit sed do eiusmod tempor incididunt ut labore et dolore magna aliqua. Ut enim ad minim veniam quis nostrud exercitation ullamco laboris nisi ut aliquip ex ea commodo consequat. Duis aute irure dolor in reprehenderit in voluptate velit esse cillum dolore eu fugiat nulla pariatur. Lorem ipsum dolor sit amet consectetur adipiscing elit sed do eiusmod tempor incididunt ut labore et dolore magna aliqua. Ut enim ad minim veniam quis nostrud exercitation ullamco laboris nisi ut aliquip ex ea commodo consequat. Duis aute irure dolor in reprehenderit in voluptate velit esse cillum dolore eu fugiat nulla pariatur.
WOODCOTE HOUSE SCHOOL,
Lorem ipsum dolor sit amet consectetur adipiscing elit sed do eiusmod tempor incididunt ut labore et dolore magna aliqua. Ut enim ad minim veniam quis nostrud exercitation ullamco laboris nisi ut aliquip ex ea commodo consequat. Duis aute irure dolor in reprehenderit in voluptate velit esse cillum dolore eu fugiat nulla pariatur. Lorem ipsum dolor sit amet consectetur adipiscing elit sed do eiusmod tempor incididunt ut labore et dolore magna aliqua. Ut enim ad minim veniam quis nostrud exercitation ullamco laboris nisi ut aliquip ex ea commodo consequat. Duis aute irure dolor in reprehenderit in voluptate velit esse cillum dolore eu fugiat nulla pariatur.
J. CARPENTER,
Lorem ipsum dolor sit amet consectetur adipiscing elit sed do eiusmod tempor incididunt ut labore et dolore magna aliqua. Ut enim ad minim veniam quis nostrud exercitation ullamco laboris nisi ut aliquip ex ea commodo consequat. Duis aute irure dolor in reprehenderit in voluptate velit esse cillum dolore eu fugiat nulla pariatur. Lorem ipsum dolor sit amet consectetur adipiscing elit sed do eiusmod tempor incididunt ut labore et dolore magna aliqua. Ut enim ad minim veniam quis nostrud exercitation ullamco laboris nisi ut aliquip ex ea commodo consequat. Duis aute irure dolor in reprehenderit in voluptate velit esse cillum dolore eu fugiat nulla pariatur.
CENTRAL BOOT WAREHOUSE,
Lorem ipsum dolor sit amet consectetur adipiscing elit sed do eiusmod tempor incididunt ut labore et dolore magna aliqua. Ut enim ad minim veniam quis nostrud exercitation ullamco laboris nisi ut aliquip ex ea commodo consequat. Duis aute irure dolor in reprehenderit in voluptate velit esse cillum dolore eu fugiat nulla pariatur. Lorem ipsum dolor sit amet consectetur adipiscing elit sed do eiusmod tempor incididunt ut labore et dolore magna aliqua. Ut enim ad minim veniam quis nostrud exercitation ullamco laboris nisi ut aliquip ex ea commodo consequat. Duis aute irure dolor in reprehenderit in voluptate velit esse cillum dolore eu fugiat nulla pariatur.
Lorem ipsum dolor sit amet consectetur adipiscing elit sed do eiusmod tempor incididunt ut labore et dolore magna aliqua. Ut enim ad minim veniam quis nostrud exercitation ullamco laboris nisi ut aliquip ex ea commodo consequat. Duis aute irure dolor in reprehenderit in voluptate velit esse cillum dolore eu fugiat nulla pariatur. Lorem ipsum dolor sit amet consectetur adipiscing elit sed do eiusmod tempor incididunt ut labore et dolore magna aliqua. Ut enim ad minim veniam quis nostrud exercitation ullamco laboris nisi ut aliquip ex ea commodo consequat. Duis aute irure dolor in reprehenderit in voluptate velit esse cillum dolore eu fugiat nulla pariatur. Lorem ipsum dolor sit amet consectetur adipiscing elit sed do eiusmod tempor incididunt ut labore et dolore magna aliqua. Ut enim ad minim veniam quis nostrud exercitation ullamco laboris nisi ut aliquip ex ea commodo consequat. Duis aute irure dolor in reprehenderit in voluptate velit esse cillum dolore eu fugiat nulla pariatur.
Lorem ipsum dolor sit amet consectetur adipiscing elit sed do eiusmod tempor incididunt ut labore et dolore magna aliqua. Ut enim ad minim veniam quis nostrud exercitation ullamco laboris nisi ut aliquip ex ea commodo consequat. Duis aute irure dolor in reprehenderit in voluptate velit esse cillum dolore eu fugiat nulla pariatur. Lorem ipsum dolor sit amet consectetur adipiscing elit sed do eiusmod tempor incididunt ut labore et dolore magna aliqua. Ut enim ad minim veniam quis nostrud exercitation ullamco laboris nisi ut aliquip ex ea commodo consequat. Duis aute irure dolor in reprehenderit in voluptate velit esse cillum dolore eu fugiat nulla pariatur. Lorem ipsum dolor sit amet consectetur adipiscing elit sed do eiusmod tempor incididunt ut labore et dolore magna aliqua. Ut enim ad minim veniam quis nostrud exercitation ullamco laboris nisi ut aliquip ex ea commodo consequat. Duis aute irure dolor in reprehenderit in voluptate velit esse cillum dolore eu fugiat nulla pariatur.
Lorem ipsum dolor sit amet consectetur adipiscing elit sed do eiusmod tempor incididunt ut labore et dolore magna aliqua. Ut enim ad minim veniam quis nostrud exercitation ullamco laboris nisi ut aliquip ex ea commodo consequat. Duis aute irure dolor in reprehenderit in voluptate velit esse cillum dolore eu fugiat nulla pariatur. Lorem ipsum dolor sit amet consectetur adipiscing elit sed do eiusmod tempor incididunt ut labore et dolore magna aliqua. Ut enim ad minim veniam quis nostrud exercitation ullamco laboris nisi ut aliquip ex ea commodo consequat. Duis aute irure dolor in reprehenderit in voluptate velit esse cillum dolore eu fugiat nulla pariatur. Lorem ipsum dolor sit amet consectetur adipiscing elit sed do eiusmod tempor incididunt ut labore et dolore magna aliqua. Ut enim ad minim veniam quis nostrud exercitation ullamco laboris nisi ut aliquip ex ea commodo consequat. Duis aute irure dolor in reprehenderit in voluptate velit esse cillum dolore eu fugiat nulla pariatur.
Lorem ipsum dolor sit amet consectetur adipiscing elit sed do eiusmod tempor incididunt ut labore et dolore magna aliqua. Ut enim ad minim veniam quis nostrud exercitation ullamco laboris nisi ut aliquip ex ea commodo consequat. Duis aute irure dolor in reprehenderit in voluptate velit esse cillum dolore eu fugiat nulla pariatur. Lorem ipsum dolor sit amet consectetur adipiscing elit sed do eiusmod tempor incididunt ut labore et dolore magna aliqua. Ut enim ad minim veniam quis nostrud exercitation ullamco laboris nisi ut aliquip ex ea commodo consequat. Duis aute irure dolor in reprehenderit in voluptate velit esse cillum dolore eu fugiat nulla pariatur. Lorem ipsum dolor sit amet consectetur adipiscing elit sed do eiusmod tempor incididunt ut labore et dolore magna aliqua. Ut enim ad minim veniam quis nostrud exercitation ullamco laboris nisi ut aliquip ex ea commodo consequat. Duis aute irure dolor in reprehenderit in voluptate velit esse cillum dolore eu fugiat nulla pariatur.
Lorem ipsum dolor sit amet consectetur adipiscing elit sed do eiusmod tempor incididunt ut labore et dolore magna aliqua. Ut enim ad minim veniam quis nostrud exercitation ullamco laboris nisi ut aliquip ex ea commodo consequat. Duis aute irure dolor in reprehenderit in voluptate velit esse cillum dolore eu fugiat nulla pariatur. Lorem ipsum dolor sit amet consectetur adipiscing elit sed do eiusmod tempor incididunt ut labore et dolore magna aliqua. Ut enim ad minim veniam quis nostrud exercitation ullamco laboris nisi ut aliquip ex ea commodo consequat. Duis aute irure dolor in reprehenderit in voluptate velit esse cillum dolore eu fugiat nulla pariatur. Lorem ipsum dolor sit amet consectetur adipiscing elit sed do eiusmod tempor incididunt ut labore et dolore magna aliqua. Ut enim ad minim veniam quis nostrud exercitation ullamco laboris nisi ut aliquip ex ea commodo consequat. Duis aute irure dolor in reprehenderit in voluptate velit esse cillum dolore eu fugiat nulla pariatur.
Lorem ipsum dolor sit amet consectetur adipiscing elit sed do eiusmod tempor incididunt ut labore et dolore magna aliqua. Ut enim ad minim veniam quis nostrud exercitation ullamco laboris nisi ut aliquip ex ea commodo consequat. Duis aute irure dolor in reprehenderit in voluptate velit esse cillum dolore eu fugiat nulla pariatur. Lorem ipsum dolor sit amet consectetur adipiscing elit sed do eiusmod tempor incididunt ut labore et dolore magna aliqua. Ut enim ad minim veniam quis nostrud exercitation ullamco laboris nisi ut aliquip ex ea commodo consequat. Duis aute irure dolor in reprehenderit in voluptate velit esse cillum dolore eu fugiat nulla pariatur. Lorem ipsum dolor sit amet consectetur adipiscing elit sed do eiusmod tempor incididunt ut labore et dolore magna aliqua. Ut enim ad minim veniam quis nostrud exercitation ullamco laboris nisi ut aliquip ex ea commodo consequat. Duis aute irure dolor in reprehenderit in voluptate velit esse cillum dolore eu fugiat nulla pariatur.
WATERBURY WATCHES,
THE WAIRARAPA FARMERS' CO-OPERATIVE ASSOCIATION
SHORT-WINDED WATERBURY WATCHES.
Lorem ipsum dolor sit amet consectetur adipiscing elit sed do eiusmod tempor incididunt ut labore et dolore magna aliqua. Ut enim ad minim veniam quis nostrud exercitation ullamco laboris nisi ut aliquip ex ea commodo consequat. Duis aute irure dolor in reprehenderit in voluptate velit esse cillum dolore eu fugiat nulla pariatur. Lorem ipsum dolor sit amet consectetur adipiscing elit sed do eiusmod tempor incididunt ut labore et dolore magna aliqua. Ut enim ad minim veniam quis nostrud exercitation ullamco laboris nisi ut aliquip ex ea commodo consequat. Duis aute irure dolor in reprehenderit in voluptate velit esse cillum dolore eu fugiat nulla pariatur.
STEAM COACH FACTORY.
Lorem ipsum dolor sit amet consectetur adipiscing elit sed do eiusmod tempor incididunt ut labore et dolore magna aliqua. Ut enim ad minim veniam quis nostrud exercitation ullamco laboris nisi ut aliquip ex ea commodo consequat. Duis aute irure dolor in reprehenderit in voluptate velit esse cillum dolore eu fugiat nulla pariatur. Lorem ipsum dolor sit amet consectetur adipiscing elit sed do eiusmod tempor incididunt ut labore et dolore magna aliqua. Ut enim ad minim veniam quis nostrud exercitation ullamco laboris nisi ut aliquip ex ea commodo consequat. Duis aute irure dolor in reprehenderit in voluptate velit esse cillum dolore eu fugiat nulla pariatur.
JAMES MUIR,
Lorem ipsum dolor sit amet consectetur adipiscing elit sed do eiusmod tempor incididunt ut labore et dolore magna aliqua. Ut enim ad minim veniam quis nostrud exercitation ullamco laboris nisi ut aliquip ex ea commodo consequat. Duis aute irure dolor in reprehenderit in voluptate velit esse cillum dolore eu fugiat nulla pariatur. Lorem ipsum dolor sit amet consectetur adipiscing elit sed do eiusmod tempor incididunt ut labore et dolore magna aliqua. Ut enim ad minim veniam quis nostrud exercitation ullamco laboris nisi ut aliquip ex ea commodo consequat. Duis aute irure dolor in reprehenderit in voluptate velit esse cillum dolore eu fugiat nulla pariatur.
EX "TONGARIRO."
Lorem ipsum dolor sit amet consectetur adipiscing elit sed do eiusmod tempor incididunt ut labore et dolore magna aliqua. Ut enim ad minim veniam quis nostrud exercitation ullamco laboris nisi ut aliquip ex ea commodo consequat. Duis aute irure dolor in reprehenderit in voluptate velit esse cillum dolore eu fugiat nulla pariatur. Lorem ipsum dolor sit amet consectetur adipiscing elit sed do eiusmod tempor incididunt ut labore et dolore magna aliqua. Ut enim ad minim veniam quis nostrud exercitation ullamco laboris nisi ut aliquip ex ea commodo consequat. Duis aute irure dolor in reprehenderit in voluptate velit esse cillum dolore eu fugiat nulla pariatur.
T. G. MASON,
Lorem ipsum dolor sit amet consectetur adipiscing elit sed do eiusmod tempor incididunt ut labore et dolore magna aliqua. Ut enim ad minim veniam quis nostrud exercitation ullamco laboris nisi ut aliquip ex ea commodo consequat. Duis aute irure dolor in reprehenderit in voluptate velit esse cillum dolore eu fugiat nulla pariatur. Lorem ipsum dolor sit amet consectetur adipiscing elit sed do eiusmod tempor incididunt ut labore et dolore magna aliqua. Ut enim ad minim veniam quis nostrud exercitation ullamco laboris nisi ut aliquip ex ea commodo consequat. Duis aute irure dolor in reprehenderit in voluptate velit esse cillum dolore eu fugiat nulla pariatur.
BOOTS AND SHOES.
Lorem ipsum dolor sit amet consectetur adipiscing elit sed do eiusmod tempor incididunt ut labore et dolore magna aliqua. Ut enim ad minim veniam quis nostrud exercitation ullamco laboris nisi ut aliquip ex ea commodo consequat. Duis aute irure dolor in reprehenderit in voluptate velit esse cillum dolore eu fugiat nulla pariatur. Lorem ipsum dolor sit amet consectetur adipiscing elit sed do eiusmod tempor incididunt ut labore et dolore magna aliqua. Ut enim ad minim veniam quis nostrud exercitation ullamco laboris nisi ut aliquip ex ea commodo consequat. Duis aute irure dolor in reprehenderit in voluptate velit esse cillum dolore eu fugiat nulla pariatur.
R. HANNAH AND CO.
Lorem ipsum dolor sit amet consectetur adipiscing elit sed do eiusmod tempor incididunt ut labore et dolore magna aliqua. Ut enim ad minim veniam quis nostrud exercitation ullamco laboris nisi ut aliquip ex ea commodo consequat. Duis aute irure dolor in reprehenderit in voluptate velit esse cillum dolore eu fugiat nulla pariatur. Lorem ipsum dolor sit amet consectetur adipiscing elit sed do eiusmod tempor incididunt ut labore et dolore magna aliqua. Ut enim ad minim veniam quis nostrud exercitation ullamco laboris nisi ut aliquip ex ea commodo consequat. Duis aute irure dolor in reprehenderit in voluptate velit esse cillum dolore eu fugiat nulla pariatur.
Lorem ipsum dolor sit amet consectetur adipiscing elit sed do eiusmod tempor incididunt ut labore et dolore magna aliqua. Ut enim ad minim veniam quis nostrud exercitation ullamco laboris nisi ut aliquip ex ea commodo consequat. Duis aute irure dolor in reprehenderit in voluptate velit esse cillum dolore eu fugiat nulla pariatur. Lorem ipsum dolor sit amet consectetur adipiscing elit sed do eiusmod tempor incididunt ut labore et dolore magna aliqua. Ut enim ad minim veniam quis nostrud exercitation ullamco laboris nisi ut aliquip ex ea commodo consequat. Duis aute irure dolor in reprehenderit in voluptate velit esse cillum dolore eu fugiat nulla pariatur. Lorem ipsum dolor sit amet consectetur adipiscing elit sed do eiusmod tempor incididunt ut labore et dolore magna aliqua. Ut enim ad minim veniam quis nostrud exercitation ullamco laboris nisi ut aliquip ex ea commodo consequat. Duis aute irure dolor in reprehenderit in voluptate velit esse cillum dolore eu fugiat nulla pariatur.
Lorem ipsum dolor sit amet consectetur adipiscing elit sed do eiusmod tempor incididunt ut labore et dolore magna aliqua. Ut enim ad minim veniam quis nostrud exercitation ullamco laboris nisi ut aliquip ex ea commodo consequat. Duis aute irure dolor in reprehenderit in voluptate velit esse cillum dolore eu fugiat nulla pariatur. Lorem ipsum dolor sit amet consectetur adipiscing elit sed do eiusmod tempor incididunt ut labore et dolore magna aliqua. Ut enim ad minim veniam quis nostrud exercitation ullamco laboris nisi ut aliquip ex ea commodo consequat. Duis aute irure dolor in reprehenderit in voluptate velit esse cillum dolore eu fugiat nulla pariatur. Lorem ipsum dolor sit amet consectetur adipiscing elit sed do eiusmod tempor incididunt ut labore et dolore magna aliqua. Ut enim ad minim veniam quis nostrud exercitation ullamco laboris nisi ut aliquip ex ea commodo consequat. Duis aute irure dolor in reprehenderit in voluptate velit esse cillum dolore eu fugiat nulla pariatur.
Lorem ipsum dolor sit amet consectetur adipiscing elit sed do eiusmod tempor incididunt ut labore et dolore magna aliqua. Ut enim ad minim veniam quis nostrud exercitation ullamco laboris nisi ut aliquip ex ea commodo consequat. Duis aute irure dolor in reprehenderit in voluptate velit esse cillum dolore eu fugiat nulla pariatur. Lorem ipsum dolor sit amet consectetur adipiscing elit sed do eiusmod tempor incididunt ut labore et dolore magna aliqua. Ut enim ad minim veniam quis nostrud exercitation ullamco laboris nisi ut aliquip ex ea commodo consequat. Duis aute irure dolor in reprehenderit in voluptate velit esse cillum dolore eu fugiat nulla pariatur. Lorem ipsum dolor sit amet consectetur adipiscing elit sed do eiusmod tempor incididunt ut labore et dolore magna aliqua. Ut enim ad minim veniam quis nostrud exercitation ullamco laboris nisi ut aliquip ex ea commodo consequat. Duis aute irure dolor in reprehenderit in voluptate velit esse cillum dolore eu fugiat nulla pariatur.
Lorem ipsum dolor sit amet consectetur adipiscing elit sed do eiusmod tempor incididunt ut labore et dolore magna aliqua. Ut enim ad minim veniam quis nostrud exercitation ullamco laboris nisi ut aliquip ex ea commodo consequat. Duis aute irure dolor in reprehenderit in voluptate velit esse cillum dolore eu fugiat nulla pariatur. Lorem ipsum dolor sit amet consectetur adipiscing elit sed do eiusmod tempor incididunt ut labore et dolore magna aliqua. Ut enim ad minim veniam quis nostrud exercitation ullamco laboris nisi ut aliquip ex ea commodo consequat. Duis aute irure dolor in reprehenderit in voluptate velit esse cillum dolore eu fugiat nulla pariatur. Lorem ipsum dolor sit amet consectetur adipiscing elit sed do eiusmod tempor incididunt ut labore et dolore magna aliqua. Ut enim ad minim veniam quis nostrud exercitation ullamco laboris nisi ut aliquip ex ea commodo consequat. Duis aute irure dolor in reprehenderit in voluptate velit esse cillum dolore eu fugiat nulla pariatur.
Lorem ipsum dolor sit amet consectetur adipiscing elit sed do eiusmod tempor incididunt ut labore et dolore magna aliqua. Ut enim ad minim veniam quis nostrud exercitation ullamco laboris nisi ut aliquip ex ea commodo consequat. Duis aute irure dolor in reprehenderit in voluptate velit esse cillum dolore eu fugiat nulla pariatur. Lorem ipsum dolor sit amet consectetur adipiscing elit sed do eiusmod tempor incididunt ut labore et dolore magna aliqua. Ut enim ad minim veniam quis nostrud exercitation ullamco laboris nisi ut aliquip ex ea commodo consequat. Duis aute irure dolor in reprehenderit in voluptate velit esse cillum dolore eu fugiat nulla pariatur. Lorem ipsum dolor sit amet consectetur adipiscing elit sed do eiusmod tempor incididunt ut labore et dolore magna aliqua. Ut enim ad minim veniam quis nostrud exercitation ullamco laboris nisi ut aliquip ex ea commodo consequat. Duis aute irure dolor in reprehenderit in voluptate velit esse cillum dolore eu fugiat nulla pariatur.
Lorem ipsum dolor sit amet consectetur adipiscing elit sed do eiusmod tempor incididunt ut labore et dolore magna aliqua. Ut enim ad minim veniam quis nostrud exercitation ullamco laboris nisi ut aliquip ex ea commodo consequat. Duis aute irure dolor in reprehenderit in voluptate velit esse cillum dolore eu fugiat nulla pariatur. Lorem ipsum dolor sit amet consectetur adipiscing elit sed do eiusmod tempor incididunt ut labore et dolore magna aliqua. Ut enim ad minim veniam quis nostrud exercitation ullamco laboris nisi ut aliquip ex ea commodo consequat. Duis aute irure dolor in reprehenderit in voluptate velit esse cillum dolore eu fugiat nulla pariatur. Lorem ipsum dolor sit amet consectetur adipiscing elit sed do eiusmod tempor incididunt ut labore et dolore magna aliqua. Ut enim ad minim veniam quis nostrud exercitation ullamco laboris nisi ut aliquip ex ea commodo consequat. Duis aute irure dolor in reprehenderit in voluptate velit esse cillum dolore eu fugiat nulla pariatur.
LICENSED REGISTRY OFFICE.
Lorem ipsum dolor sit amet consectetur adipiscing elit sed do eiusmod tempor incididunt ut labore et dolore magna aliqua. Ut enim ad minim veniam quis nostrud exercitation ullamco laboris nisi ut aliquip ex ea commodo consequat. Duis aute irure dolor in reprehenderit in voluptate velit esse cillum dolore eu fugiat nulla pariatur. Lorem ipsum dolor sit amet consectetur adipiscing elit sed do eiusmod tempor incididunt ut labore et dolore magna aliqua. Ut enim ad minim veniam quis nostrud exercitation ullamco laboris nisi ut aliquip ex ea commodo consequat. Duis aute irure dolor in reprehenderit in voluptate velit esse cillum dolore eu fugiat nulla pariatur.
NOTICE.
Lorem ipsum dolor sit amet consectetur adipiscing elit sed do eiusmod tempor incididunt ut labore et dolore magna aliqua. Ut enim ad minim veniam quis nostrud exercitation ullamco laboris nisi ut aliquip ex ea commodo consequat. Duis aute irure dolor in reprehenderit in voluptate velit esse cillum dolore eu fugiat nulla pariatur. Lorem ipsum dolor sit amet consectetur adipiscing elit sed do eiusmod tempor incididunt ut labore et dolore magna aliqua. Ut enim ad minim veniam quis nostrud exercitation ullamco laboris nisi ut aliquip ex ea commodo consequat. Duis aute irure dolor in reprehenderit in voluptate velit esse cillum dolore eu fugiat nulla pariatur.
THOMAS WAGG & CO.,
Lorem ipsum dolor sit amet consectetur adipiscing elit sed do eiusmod tempor incididunt ut labore et dolore magna aliqua. Ut enim ad minim veniam quis nostrud exercitation ullamco laboris nisi ut aliquip ex ea commodo consequat. Duis aute irure dolor in reprehenderit in voluptate velit esse cillum dolore eu fugiat nulla pariatur. Lorem ipsum dolor sit amet consectetur adipiscing elit sed do eiusmod tempor incididunt ut labore et dolore magna aliqua. Ut enim ad minim veniam quis nostrud exercitation ullamco laboris nisi ut aliquip ex ea commodo consequat. Duis aute irure dolor in reprehenderit in voluptate velit esse cillum dolore eu fugiat nulla pariatur.
PEGGANORA,
Lorem ipsum dolor sit amet consectetur adipiscing elit sed do eiusmod tempor incididunt ut labore et dolore magna aliqua. Ut enim ad minim veniam quis nostrud exercitation ullamco laboris nisi ut aliquip ex ea commodo consequat. Duis aute irure dolor in reprehenderit in voluptate velit esse cillum dolore eu fugiat nulla pariatur. Lorem ipsum dolor sit amet consectetur adipiscing elit sed do eiusmod tempor incididunt ut labore et dolore magna aliqua. Ut enim ad minim veniam quis nostrud exercitation ullamco laboris nisi ut aliquip ex ea commodo consequat. Duis aute irure dolor in reprehenderit in voluptate velit esse cillum dolore eu fugiat nulla pariatur.
WELLER BROS.,
Lorem ipsum dolor sit amet consectetur adipiscing elit sed do eiusmod tempor incididunt ut labore et dolore magna aliqua. Ut enim ad minim veniam quis nostrud exercitation ullamco laboris nisi ut aliquip ex ea commodo consequat. Duis aute irure dolor in reprehenderit in voluptate velit esse cillum dolore eu fugiat nulla pariatur. Lorem ipsum dolor sit amet consectetur adipiscing elit sed do eiusmod tempor incididunt ut labore et dolore magna aliqua. Ut enim ad minim veniam quis nostrud exercitation ullamco laboris nisi ut aliquip ex ea commodo consequat. Duis aute irure dolor in reprehenderit in voluptate velit esse cillum dolore eu fugiat nulla pariatur.
KOW KEE,
Lorem ipsum dolor sit amet consectetur adipiscing elit sed do eiusmod tempor incididunt ut labore et dolore magna aliqua. Ut enim ad minim veniam quis nostrud exercitation ullamco laboris nisi ut aliquip ex ea commodo consequat. Duis aute irure dolor in reprehenderit in voluptate velit esse cillum dolore eu fugiat nulla pariatur. Lorem ipsum dolor sit amet consectetur adipiscing elit sed do eiusmod tempor incididunt ut labore et dolore magna aliqua. Ut enim ad minim veniam quis nostrud exercitation ullamco laboris nisi ut aliquip ex ea commodo consequat. Duis aute irure dolor in reprehenderit in voluptate velit esse cillum dolore eu fugiat nulla pariatur.
FRUITERER AND GENERAL GROCER.
Lorem ipsum dolor sit amet consectetur adipiscing elit sed do eiusmod tempor incididunt ut labore et dolore magna aliqua. Ut enim ad minim veniam quis nostrud exercitation ullamco laboris nisi ut aliquip ex ea commodo consequat. Duis aute irure dolor in reprehenderit in voluptate velit esse cillum dolore eu fugiat nulla pariatur. Lorem ipsum dolor sit amet consectetur adipiscing elit sed do eiusmod tempor incididunt ut labore et dolore magna aliqua. Ut enim ad minim veniam quis nostrud exercitation ullamco laboris nisi ut aliquip ex ea commodo consequat. Duis aute irure dolor in reprehenderit in voluptate velit esse cillum dolore eu fugiat nulla pariatur.
Lorem ipsum dolor sit amet consectetur adipiscing elit sed do eiusmod tempor incididunt ut labore et dolore magna aliqua. Ut enim ad minim veniam quis nostrud exercitation ullamco laboris nisi ut aliquip ex ea commodo consequat. Duis aute irure dolor in reprehenderit in voluptate velit esse cillum dolore eu fugiat nulla pariatur. Lorem ipsum dolor sit amet consectetur adipiscing elit sed do eiusmod tempor incididunt ut labore et dolore magna aliqua. Ut enim ad minim veniam quis nostrud exercitation ullamco laboris nisi ut aliquip ex ea commodo consequat. Duis aute irure dolor in reprehenderit in voluptate velit esse cillum dolore eu fugiat nulla pariatur. Lorem ipsum dolor sit amet consectetur adipiscing elit sed do eiusmod tempor incididunt ut labore et dolore magna aliqua. Ut enim ad minim veniam quis nostrud exercitation ullamco laboris nisi ut aliquip ex ea commodo consequat. Duis aute irure dolor in reprehenderit in voluptate velit esse cillum dolore eu fugiat nulla pariatur.
Lorem ipsum dolor sit amet consectetur adipiscing elit sed do eiusmod tempor incididunt ut labore et dolore magna aliqua. Ut enim ad minim veniam quis nostrud exercitation ullamco laboris nisi ut aliquip ex ea commodo consequat. Duis aute irure dolor in reprehenderit in voluptate velit esse cillum dolore eu fugiat nulla pariatur. Lorem ipsum dolor sit amet consectetur adipiscing elit sed do eiusmod tempor incididunt ut labore et dolore magna aliqua. Ut enim ad minim veniam quis nostrud exercitation ullamco laboris nisi ut aliquip ex ea commodo consequat. Duis aute irure dolor in reprehenderit in voluptate velit esse cillum dolore eu fugiat nulla pariatur. Lorem ipsum dolor sit amet consectetur adipiscing elit sed do eiusmod tempor incididunt ut labore et dolore magna aliqua. Ut enim ad minim veniam quis nostrud exercitation ullamco laboris nisi ut aliquip ex ea commodo consequat. Duis aute irure dolor in reprehenderit in voluptate velit esse cillum dolore eu fugiat nulla pariatur.
Lorem ipsum dolor sit amet consectetur adipiscing elit sed do eiusmod tempor incididunt ut labore et dolore magna aliqua. Ut enim ad minim veniam quis nostrud exercitation ullamco laboris nisi ut aliquip ex ea commodo consequat. Duis aute irure dolor in reprehenderit in voluptate velit esse cillum dolore eu fugiat nulla pariatur. Lorem ipsum dolor sit amet consectetur adipiscing elit sed do eiusmod tempor incididunt ut labore et dolore magna aliqua. Ut enim ad minim veniam quis nostrud exercitation ullamco laboris nisi ut aliquip ex ea commodo consequat. Duis aute irure dolor in reprehenderit in voluptate velit esse cillum dolore eu fugiat nulla pariatur. Lorem ipsum dolor sit amet consectetur adipiscing elit sed do eiusmod tempor incididunt ut labore et dolore magna aliqua. Ut enim ad minim veniam quis nostrud exercitation ullamco laboris nisi ut aliquip ex ea commodo consequat. Duis aute irure dolor in reprehenderit in voluptate velit esse cillum dolore eu fugiat nulla pariatur.
Lorem ipsum dolor sit amet consectetur adipiscing elit sed do eiusmod tempor incididunt ut labore et dolore magna aliqua. Ut enim ad minim veniam quis nostrud exercitation ullamco laboris nisi ut aliquip ex ea commodo consequat. Duis aute irure dolor in reprehenderit in voluptate velit esse cillum dolore eu fugiat nulla pariatur. Lorem ipsum dolor sit amet consectetur adipiscing elit sed do eiusmod tempor incididunt ut labore et dolore magna aliqua. Ut enim ad minim veniam quis nostrud exercitation ullamco laboris nisi ut aliquip ex ea commodo consequat. Duis aute irure dolor in reprehenderit in voluptate velit esse cillum dolore eu fugiat nulla pariatur. Lorem ipsum dolor sit amet consectetur adipiscing elit sed do eiusmod tempor incididunt ut labore et dolore magna aliqua. Ut enim ad minim veniam quis nostrud exercitation ullamco laboris nisi ut aliquip ex ea commodo consequat. Duis aute irure dolor in reprehenderit in voluptate velit esse cillum dolore eu fugiat nulla pariatur.
Lorem ipsum dolor sit amet consectetur adipiscing elit sed do eiusmod tempor incididunt ut labore et dolore magna aliqua. Ut enim ad minim veniam quis nostrud exercitation ullamco laboris nisi ut aliquip ex ea commodo consequat. Duis aute irure dolor in reprehenderit in voluptate velit esse cillum dolore eu fugiat nulla pariatur. Lorem ipsum dolor sit amet consectetur adipiscing elit sed do eiusmod tempor incididunt ut labore et dolore magna aliqua. Ut enim ad minim veniam quis nostrud exercitation ullamco laboris nisi ut aliquip ex ea commodo consequat. Duis aute irure dolor in reprehenderit in voluptate velit esse cillum dolore eu fugiat nulla pariatur. Lorem ipsum dolor sit amet consectetur adipiscing elit sed do eiusmod tempor incididunt ut labore et dolore magna aliqua. Ut enim ad minim veniam quis nostrud exercitation ullamco laboris nisi ut aliquip ex ea commodo consequat. Duis aute irure dolor in reprehenderit in voluptate velit esse cillum dolore eu fugiat nulla pariatur.
Lorem ipsum dolor sit amet consectetur adipiscing elit sed do eiusmod tempor incididunt ut labore et dolore magna aliqua. Ut enim ad minim veniam quis nostrud exercitation ullamco laboris nisi ut aliquip ex ea commodo consequat. Duis aute irure dolor in reprehenderit in voluptate velit esse cillum dolore eu fugiat nulla pariatur. Lorem ipsum dolor sit amet consectetur adipiscing elit sed do eiusmod tempor incididunt ut labore et dolore magna aliqua. Ut enim ad minim veniam quis nostrud exercitation ullamco laboris nisi ut aliquip ex ea commodo consequat. Duis aute irure dolor in reprehenderit in voluptate velit esse cillum dolore eu fugiat nulla pariatur. Lorem ipsum dolor sit amet consectetur adipiscing elit sed do eiusmod tempor incididunt ut labore et dolore magna aliqua. Ut enim ad minim veniam quis nostrud exercitation ullamco laboris nisi ut aliquip ex ea commodo consequat. Duis aute irure dolor in reprehenderit in voluptate velit esse cillum dolore eu fugiat nulla pariatur.
